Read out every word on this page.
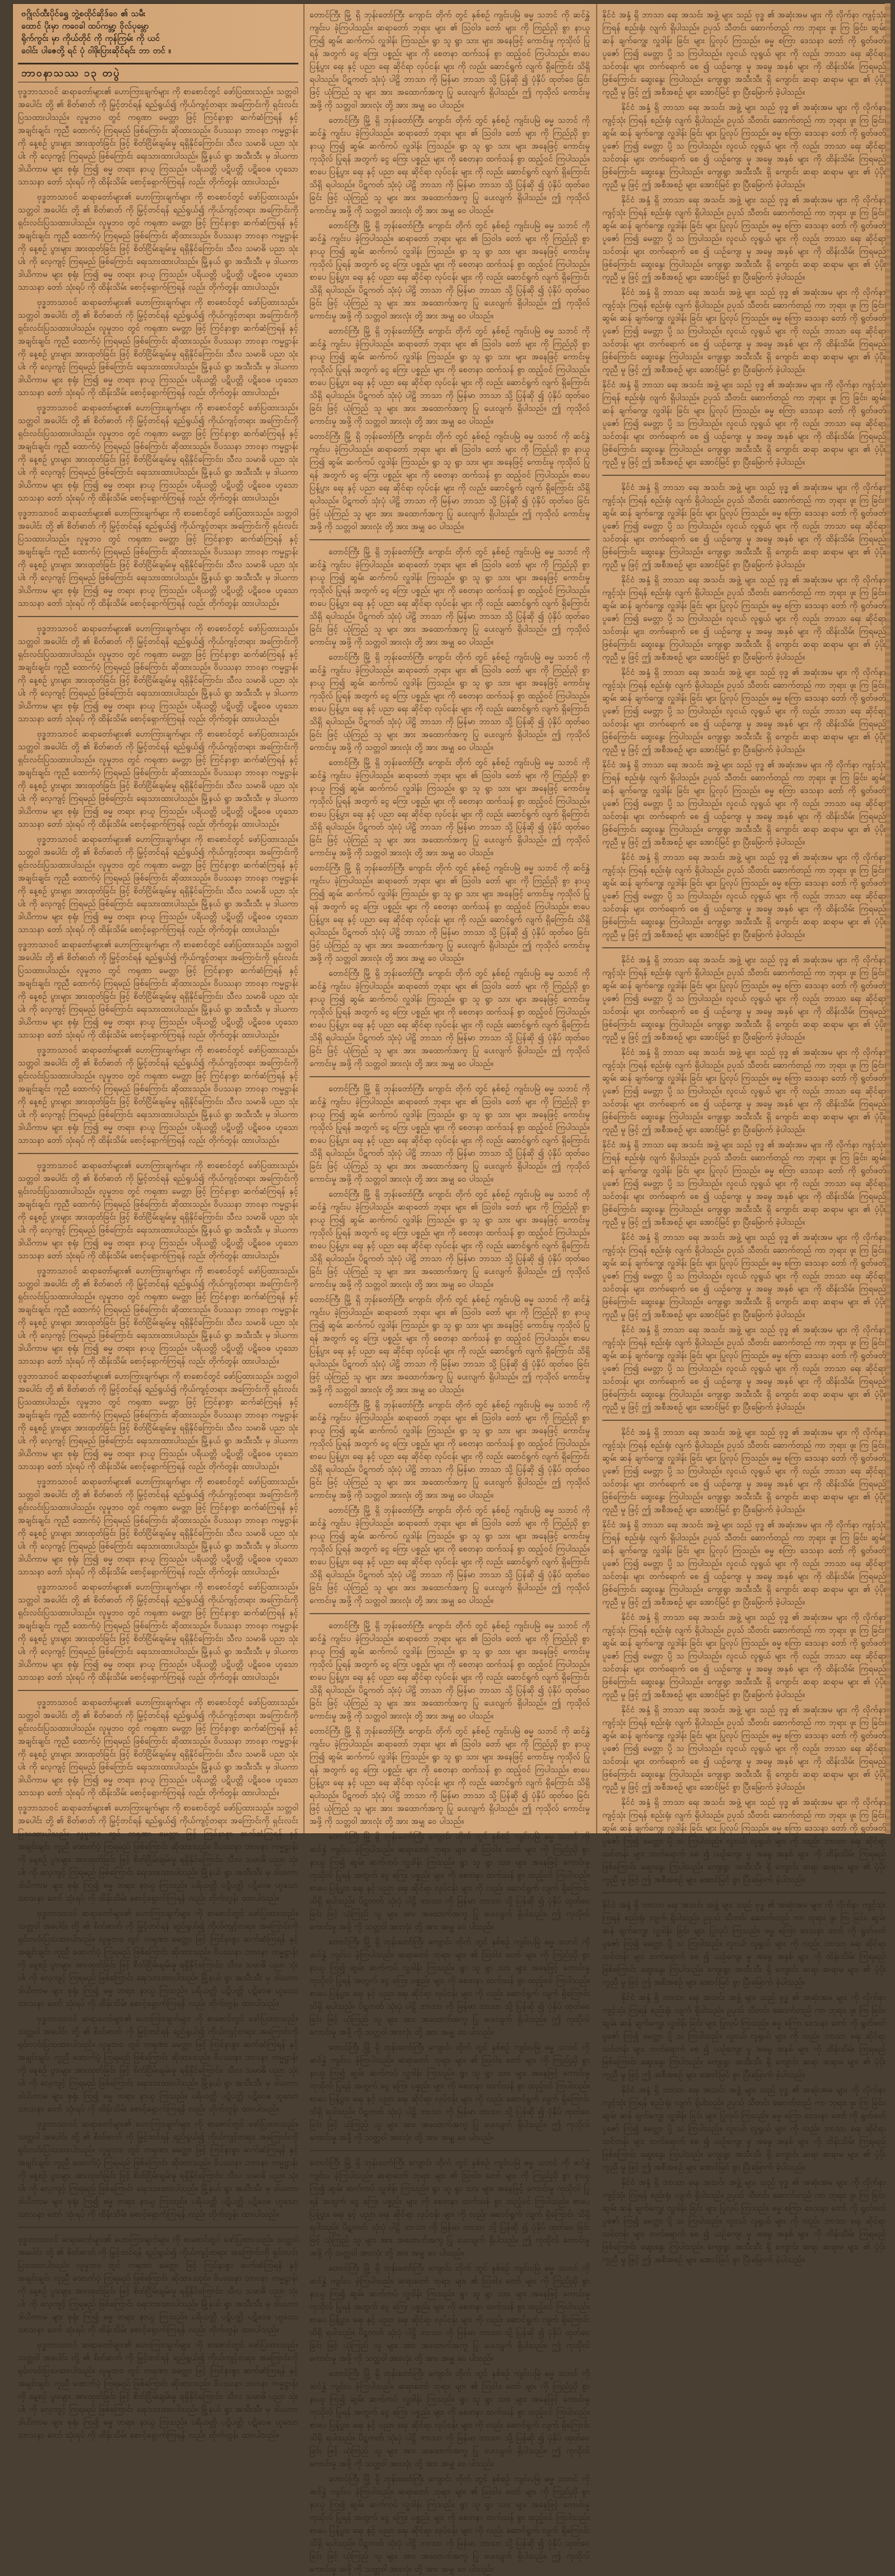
ၓဂ္ဂိုလ်ထီးပိုင်ရွှေ ဘွဲ့စထိုင်ဆိုဒ်ဝေ ၏ သမီး
ထောင် ပိုးမှာ ကဝေခါ ထပ်ကမ္ဘာ့ ဝိုလ်ပုမ္ဘော
ရိုက်ကွင်း မှာ ကိုယ်တိုင် ကို ကုန်ကြမ်း ကို ယင်
ဝေါင်း ပါဇေတို့ ရင် ပုံ ဝါဖိုးပြားဆိုင်ရင်း ဘာ တင် ။
ဘာဝနာသဿ ၁၃ တပွဲ

ဗုဒ္ဓဘာသာဝင် ဆရာတော်များ၏ ဟောကြားချက်များ ကို စာစောင်တွင် ဖော်ပြထားသည်။ သတ္တဝါ အပေါင်း တို့ ၏ စိတ်ဓာတ် ကို မြှင့်တင်ရန် ရည်ရွယ်၍ ကိုယ်ကျင့်တရား အကြောင်းကို ရှင်းလင်းပြသထားပါသည်။ လူမှုဘဝ တွင် ကရုဏာ မေတ္တာ ဖြင့် ကြင်နာစွာ ဆက်ဆံကြရန် နှင့် အချင်းချင်း ကူညီ ထောက်ပံ့ ကြရမည် ဖြစ်ကြောင်း ဆိုထားသည်။ ဝိပဿနာ ဘာဝနာ ကမ္မဋ္ဌာန်း ကို နေ့စဉ် ပွားများ အားထုတ်ခြင်း ဖြင့် စိတ်ငြိမ်းချမ်းမှု ရရှိနိုင်ကြောင်း၊ သီလ သမာဓိ ပညာ သုံးပါး ကို လေ့ကျင့် ကြရမည် ဖြစ်ကြောင်း ရေးသားထားပါသည်။ မြို့နယ် ရွာ အသီးသီး မှ ဒါယကာ ဒါယိကာမ များ စုရုံး ကြ၍ ဓမ္မ တရား နာယူ ကြသည်။ ပရိယတ္တိ ပဋိပတ္တိ ပဋိဝေဓ ဟူသော သာသနာ တော် သုံးရပ် ကို ထိန်းသိမ်း စောင့်ရှောက်ကြရန် လည်း တိုက်တွန်း ထားပါသည်။

ဗုဒ္ဓဘာသာဝင် ဆရာတော်များ၏ ဟောကြားချက်များ ကို စာစောင်တွင် ဖော်ပြထားသည်။ သတ္တဝါ အပေါင်း တို့ ၏ စိတ်ဓာတ် ကို မြှင့်တင်ရန် ရည်ရွယ်၍ ကိုယ်ကျင့်တရား အကြောင်းကို ရှင်းလင်းပြသထားပါသည်။ လူမှုဘဝ တွင် ကရုဏာ မေတ္တာ ဖြင့် ကြင်နာစွာ ဆက်ဆံကြရန် နှင့် အချင်းချင်း ကူညီ ထောက်ပံ့ ကြရမည် ဖြစ်ကြောင်း ဆိုထားသည်။ ဝိပဿနာ ဘာဝနာ ကမ္မဋ္ဌာန်း ကို နေ့စဉ် ပွားများ အားထုတ်ခြင်း ဖြင့် စိတ်ငြိမ်းချမ်းမှု ရရှိနိုင်ကြောင်း၊ သီလ သမာဓိ ပညာ သုံးပါး ကို လေ့ကျင့် ကြရမည် ဖြစ်ကြောင်း ရေးသားထားပါသည်။ မြို့နယ် ရွာ အသီးသီး မှ ဒါယကာ ဒါယိကာမ များ စုရုံး ကြ၍ ဓမ္မ တရား နာယူ ကြသည်။ ပရိယတ္တိ ပဋိပတ္တိ ပဋိဝေဓ ဟူသော သာသနာ တော် သုံးရပ် ကို ထိန်းသိမ်း စောင့်ရှောက်ကြရန် လည်း တိုက်တွန်း ထားပါသည်။

ဗုဒ္ဓဘာသာဝင် ဆရာတော်များ၏ ဟောကြားချက်များ ကို စာစောင်တွင် ဖော်ပြထားသည်။ သတ္တဝါ အပေါင်း တို့ ၏ စိတ်ဓာတ် ကို မြှင့်တင်ရန် ရည်ရွယ်၍ ကိုယ်ကျင့်တရား အကြောင်းကို ရှင်းလင်းပြသထားပါသည်။ လူမှုဘဝ တွင် ကရုဏာ မေတ္တာ ဖြင့် ကြင်နာစွာ ဆက်ဆံကြရန် နှင့် အချင်းချင်း ကူညီ ထောက်ပံ့ ကြရမည် ဖြစ်ကြောင်း ဆိုထားသည်။ ဝိပဿနာ ဘာဝနာ ကမ္မဋ္ဌာန်း ကို နေ့စဉ် ပွားများ အားထုတ်ခြင်း ဖြင့် စိတ်ငြိမ်းချမ်းမှု ရရှိနိုင်ကြောင်း၊ သီလ သမာဓိ ပညာ သုံးပါး ကို လေ့ကျင့် ကြရမည် ဖြစ်ကြောင်း ရေးသားထားပါသည်။ မြို့နယ် ရွာ အသီးသီး မှ ဒါယကာ ဒါယိကာမ များ စုရုံး ကြ၍ ဓမ္မ တရား နာယူ ကြသည်။ ပရိယတ္တိ ပဋိပတ္တိ ပဋိဝေဓ ဟူသော သာသနာ တော် သုံးရပ် ကို ထိန်းသိမ်း စောင့်ရှောက်ကြရန် လည်း တိုက်တွန်း ထားပါသည်။

ဗုဒ္ဓဘာသာဝင် ဆရာတော်များ၏ ဟောကြားချက်များ ကို စာစောင်တွင် ဖော်ပြထားသည်။ သတ္တဝါ အပေါင်း တို့ ၏ စိတ်ဓာတ် ကို မြှင့်တင်ရန် ရည်ရွယ်၍ ကိုယ်ကျင့်တရား အကြောင်းကို ရှင်းလင်းပြသထားပါသည်။ လူမှုဘဝ တွင် ကရုဏာ မေတ္တာ ဖြင့် ကြင်နာစွာ ဆက်ဆံကြရန် နှင့် အချင်းချင်း ကူညီ ထောက်ပံ့ ကြရမည် ဖြစ်ကြောင်း ဆိုထားသည်။ ဝိပဿနာ ဘာဝနာ ကမ္မဋ္ဌာန်း ကို နေ့စဉ် ပွားများ အားထုတ်ခြင်း ဖြင့် စိတ်ငြိမ်းချမ်းမှု ရရှိနိုင်ကြောင်း၊ သီလ သမာဓိ ပညာ သုံးပါး ကို လေ့ကျင့် ကြရမည် ဖြစ်ကြောင်း ရေးသားထားပါသည်။ မြို့နယ် ရွာ အသီးသီး မှ ဒါယကာ ဒါယိကာမ များ စုရုံး ကြ၍ ဓမ္မ တရား နာယူ ကြသည်။ ပရိယတ္တိ ပဋိပတ္တိ ပဋိဝေဓ ဟူသော သာသနာ တော် သုံးရပ် ကို ထိန်းသိမ်း စောင့်ရှောက်ကြရန် လည်း တိုက်တွန်း ထားပါသည်။

ဗုဒ္ဓဘာသာဝင် ဆရာတော်များ၏ ဟောကြားချက်များ ကို စာစောင်တွင် ဖော်ပြထားသည်။ သတ္တဝါ အပေါင်း တို့ ၏ စိတ်ဓာတ် ကို မြှင့်တင်ရန် ရည်ရွယ်၍ ကိုယ်ကျင့်တရား အကြောင်းကို ရှင်းလင်းပြသထားပါသည်။ လူမှုဘဝ တွင် ကရုဏာ မေတ္တာ ဖြင့် ကြင်နာစွာ ဆက်ဆံကြရန် နှင့် အချင်းချင်း ကူညီ ထောက်ပံ့ ကြရမည် ဖြစ်ကြောင်း ဆိုထားသည်။ ဝိပဿနာ ဘာဝနာ ကမ္မဋ္ဌာန်း ကို နေ့စဉ် ပွားများ အားထုတ်ခြင်း ဖြင့် စိတ်ငြိမ်းချမ်းမှု ရရှိနိုင်ကြောင်း၊ သီလ သမာဓိ ပညာ သုံးပါး ကို လေ့ကျင့် ကြရမည် ဖြစ်ကြောင်း ရေးသားထားပါသည်။ မြို့နယ် ရွာ အသီးသီး မှ ဒါယကာ ဒါယိကာမ များ စုရုံး ကြ၍ ဓမ္မ တရား နာယူ ကြသည်။ ပရိယတ္တိ ပဋိပတ္တိ ပဋိဝေဓ ဟူသော သာသနာ တော် သုံးရပ် ကို ထိန်းသိမ်း စောင့်ရှောက်ကြရန် လည်း တိုက်တွန်း ထားပါသည်။

ဗုဒ္ဓဘာသာဝင် ဆရာတော်များ၏ ဟောကြားချက်များ ကို စာစောင်တွင် ဖော်ပြထားသည်။ သတ္တဝါ အပေါင်း တို့ ၏ စိတ်ဓာတ် ကို မြှင့်တင်ရန် ရည်ရွယ်၍ ကိုယ်ကျင့်တရား အကြောင်းကို ရှင်းလင်းပြသထားပါသည်။ လူမှုဘဝ တွင် ကရုဏာ မေတ္တာ ဖြင့် ကြင်နာစွာ ဆက်ဆံကြရန် နှင့် အချင်းချင်း ကူညီ ထောက်ပံ့ ကြရမည် ဖြစ်ကြောင်း ဆိုထားသည်။ ဝိပဿနာ ဘာဝနာ ကမ္မဋ္ဌာန်း ကို နေ့စဉ် ပွားများ အားထုတ်ခြင်း ဖြင့် စိတ်ငြိမ်းချမ်းမှု ရရှိနိုင်ကြောင်း၊ သီလ သမာဓိ ပညာ သုံးပါး ကို လေ့ကျင့် ကြရမည် ဖြစ်ကြောင်း ရေးသားထားပါသည်။ မြို့နယ် ရွာ အသီးသီး မှ ဒါယကာ ဒါယိကာမ များ စုရုံး ကြ၍ ဓမ္မ တရား နာယူ ကြသည်။ ပရိယတ္တိ ပဋိပတ္တိ ပဋိဝေဓ ဟူသော သာသနာ တော် သုံးရပ် ကို ထိန်းသိမ်း စောင့်ရှောက်ကြရန် လည်း တိုက်တွန်း ထားပါသည်။

ဗုဒ္ဓဘာသာဝင် ဆရာတော်များ၏ ဟောကြားချက်များ ကို စာစောင်တွင် ဖော်ပြထားသည်။ သတ္တဝါ အပေါင်း တို့ ၏ စိတ်ဓာတ် ကို မြှင့်တင်ရန် ရည်ရွယ်၍ ကိုယ်ကျင့်တရား အကြောင်းကို ရှင်းလင်းပြသထားပါသည်။ လူမှုဘဝ တွင် ကရုဏာ မေတ္တာ ဖြင့် ကြင်နာစွာ ဆက်ဆံကြရန် နှင့် အချင်းချင်း ကူညီ ထောက်ပံ့ ကြရမည် ဖြစ်ကြောင်း ဆိုထားသည်။ ဝိပဿနာ ဘာဝနာ ကမ္မဋ္ဌာန်း ကို နေ့စဉ် ပွားများ အားထုတ်ခြင်း ဖြင့် စိတ်ငြိမ်းချမ်းမှု ရရှိနိုင်ကြောင်း၊ သီလ သမာဓိ ပညာ သုံးပါး ကို လေ့ကျင့် ကြရမည် ဖြစ်ကြောင်း ရေးသားထားပါသည်။ မြို့နယ် ရွာ အသီးသီး မှ ဒါယကာ ဒါယိကာမ များ စုရုံး ကြ၍ ဓမ္မ တရား နာယူ ကြသည်။ ပရိယတ္တိ ပဋိပတ္တိ ပဋိဝေဓ ဟူသော သာသနာ တော် သုံးရပ် ကို ထိန်းသိမ်း စောင့်ရှောက်ကြရန် လည်း တိုက်တွန်း ထားပါသည်။

ဗုဒ္ဓဘာသာဝင် ဆရာတော်များ၏ ဟောကြားချက်များ ကို စာစောင်တွင် ဖော်ပြထားသည်။ သတ္တဝါ အပေါင်း တို့ ၏ စိတ်ဓာတ် ကို မြှင့်တင်ရန် ရည်ရွယ်၍ ကိုယ်ကျင့်တရား အကြောင်းကို ရှင်းလင်းပြသထားပါသည်။ လူမှုဘဝ တွင် ကရုဏာ မေတ္တာ ဖြင့် ကြင်နာစွာ ဆက်ဆံကြရန် နှင့် အချင်းချင်း ကူညီ ထောက်ပံ့ ကြရမည် ဖြစ်ကြောင်း ဆိုထားသည်။ ဝိပဿနာ ဘာဝနာ ကမ္မဋ္ဌာန်း ကို နေ့စဉ် ပွားများ အားထုတ်ခြင်း ဖြင့် စိတ်ငြိမ်းချမ်းမှု ရရှိနိုင်ကြောင်း၊ သီလ သမာဓိ ပညာ သုံးပါး ကို လေ့ကျင့် ကြရမည် ဖြစ်ကြောင်း ရေးသားထားပါသည်။ မြို့နယ် ရွာ အသီးသီး မှ ဒါယကာ ဒါယိကာမ များ စုရုံး ကြ၍ ဓမ္မ တရား နာယူ ကြသည်။ ပရိယတ္တိ ပဋိပတ္တိ ပဋိဝေဓ ဟူသော သာသနာ တော် သုံးရပ် ကို ထိန်းသိမ်း စောင့်ရှောက်ကြရန် လည်း တိုက်တွန်း ထားပါသည်။

ဗုဒ္ဓဘာသာဝင် ဆရာတော်များ၏ ဟောကြားချက်များ ကို စာစောင်တွင် ဖော်ပြထားသည်။ သတ္တဝါ အပေါင်း တို့ ၏ စိတ်ဓာတ် ကို မြှင့်တင်ရန် ရည်ရွယ်၍ ကိုယ်ကျင့်တရား အကြောင်းကို ရှင်းလင်းပြသထားပါသည်။ လူမှုဘဝ တွင် ကရုဏာ မေတ္တာ ဖြင့် ကြင်နာစွာ ဆက်ဆံကြရန် နှင့် အချင်းချင်း ကူညီ ထောက်ပံ့ ကြရမည် ဖြစ်ကြောင်း ဆိုထားသည်။ ဝိပဿနာ ဘာဝနာ ကမ္မဋ္ဌာန်း ကို နေ့စဉ် ပွားများ အားထုတ်ခြင်း ဖြင့် စိတ်ငြိမ်းချမ်းမှု ရရှိနိုင်ကြောင်း၊ သီလ သမာဓိ ပညာ သုံးပါး ကို လေ့ကျင့် ကြရမည် ဖြစ်ကြောင်း ရေးသားထားပါသည်။ မြို့နယ် ရွာ အသီးသီး မှ ဒါယကာ ဒါယိကာမ များ စုရုံး ကြ၍ ဓမ္မ တရား နာယူ ကြသည်။ ပရိယတ္တိ ပဋိပတ္တိ ပဋိဝေဓ ဟူသော သာသနာ တော် သုံးရပ် ကို ထိန်းသိမ်း စောင့်ရှောက်ကြရန် လည်း တိုက်တွန်း ထားပါသည်။

ဗုဒ္ဓဘာသာဝင် ဆရာတော်များ၏ ဟောကြားချက်များ ကို စာစောင်တွင် ဖော်ပြထားသည်။ သတ္တဝါ အပေါင်း တို့ ၏ စိတ်ဓာတ် ကို မြှင့်တင်ရန် ရည်ရွယ်၍ ကိုယ်ကျင့်တရား အကြောင်းကို ရှင်းလင်းပြသထားပါသည်။ လူမှုဘဝ တွင် ကရုဏာ မေတ္တာ ဖြင့် ကြင်နာစွာ ဆက်ဆံကြရန် နှင့် အချင်းချင်း ကူညီ ထောက်ပံ့ ကြရမည် ဖြစ်ကြောင်း ဆိုထားသည်။ ဝိပဿနာ ဘာဝနာ ကမ္မဋ္ဌာန်း ကို နေ့စဉ် ပွားများ အားထုတ်ခြင်း ဖြင့် စိတ်ငြိမ်းချမ်းမှု ရရှိနိုင်ကြောင်း၊ သီလ သမာဓိ ပညာ သုံးပါး ကို လေ့ကျင့် ကြရမည် ဖြစ်ကြောင်း ရေးသားထားပါသည်။ မြို့နယ် ရွာ အသီးသီး မှ ဒါယကာ ဒါယိကာမ များ စုရုံး ကြ၍ ဓမ္မ တရား နာယူ ကြသည်။ ပရိယတ္တိ ပဋိပတ္တိ ပဋိဝေဓ ဟူသော သာသနာ တော် သုံးရပ် ကို ထိန်းသိမ်း စောင့်ရှောက်ကြရန် လည်း တိုက်တွန်း ထားပါသည်။

ဗုဒ္ဓဘာသာဝင် ဆရာတော်များ၏ ဟောကြားချက်များ ကို စာစောင်တွင် ဖော်ပြထားသည်။ သတ္တဝါ အပေါင်း တို့ ၏ စိတ်ဓာတ် ကို မြှင့်တင်ရန် ရည်ရွယ်၍ ကိုယ်ကျင့်တရား အကြောင်းကို ရှင်းလင်းပြသထားပါသည်။ လူမှုဘဝ တွင် ကရုဏာ မေတ္တာ ဖြင့် ကြင်နာစွာ ဆက်ဆံကြရန် နှင့် အချင်းချင်း ကူညီ ထောက်ပံ့ ကြရမည် ဖြစ်ကြောင်း ဆိုထားသည်။ ဝိပဿနာ ဘာဝနာ ကမ္မဋ္ဌာန်း ကို နေ့စဉ် ပွားများ အားထုတ်ခြင်း ဖြင့် စိတ်ငြိမ်းချမ်းမှု ရရှိနိုင်ကြောင်း၊ သီလ သမာဓိ ပညာ သုံးပါး ကို လေ့ကျင့် ကြရမည် ဖြစ်ကြောင်း ရေးသားထားပါသည်။ မြို့နယ် ရွာ အသီးသီး မှ ဒါယကာ ဒါယိကာမ များ စုရုံး ကြ၍ ဓမ္မ တရား နာယူ ကြသည်။ ပရိယတ္တိ ပဋိပတ္တိ ပဋိဝေဓ ဟူသော သာသနာ တော် သုံးရပ် ကို ထိန်းသိမ်း စောင့်ရှောက်ကြရန် လည်း တိုက်တွန်း ထားပါသည်။

ဗုဒ္ဓဘာသာဝင် ဆရာတော်များ၏ ဟောကြားချက်များ ကို စာစောင်တွင် ဖော်ပြထားသည်။ သတ္တဝါ အပေါင်း တို့ ၏ စိတ်ဓာတ် ကို မြှင့်တင်ရန် ရည်ရွယ်၍ ကိုယ်ကျင့်တရား အကြောင်းကို ရှင်းလင်းပြသထားပါသည်။ လူမှုဘဝ တွင် ကရုဏာ မေတ္တာ ဖြင့် ကြင်နာစွာ ဆက်ဆံကြရန် နှင့် အချင်းချင်း ကူညီ ထောက်ပံ့ ကြရမည် ဖြစ်ကြောင်း ဆိုထားသည်။ ဝိပဿနာ ဘာဝနာ ကမ္မဋ္ဌာန်း ကို နေ့စဉ် ပွားများ အားထုတ်ခြင်း ဖြင့် စိတ်ငြိမ်းချမ်းမှု ရရှိနိုင်ကြောင်း၊ သီလ သမာဓိ ပညာ သုံးပါး ကို လေ့ကျင့် ကြရမည် ဖြစ်ကြောင်း ရေးသားထားပါသည်။ မြို့နယ် ရွာ အသီးသီး မှ ဒါယကာ ဒါယိကာမ များ စုရုံး ကြ၍ ဓမ္မ တရား နာယူ ကြသည်။ ပရိယတ္တိ ပဋိပတ္တိ ပဋိဝေဓ ဟူသော သာသနာ တော် သုံးရပ် ကို ထိန်းသိမ်း စောင့်ရှောက်ကြရန် လည်း တိုက်တွန်း ထားပါသည်။

ဗုဒ္ဓဘာသာဝင် ဆရာတော်များ၏ ဟောကြားချက်များ ကို စာစောင်တွင် ဖော်ပြထားသည်။ သတ္တဝါ အပေါင်း တို့ ၏ စိတ်ဓာတ် ကို မြှင့်တင်ရန် ရည်ရွယ်၍ ကိုယ်ကျင့်တရား အကြောင်းကို ရှင်းလင်းပြသထားပါသည်။ လူမှုဘဝ တွင် ကရုဏာ မေတ္တာ ဖြင့် ကြင်နာစွာ ဆက်ဆံကြရန် နှင့် အချင်းချင်း ကူညီ ထောက်ပံ့ ကြရမည် ဖြစ်ကြောင်း ဆိုထားသည်။ ဝိပဿနာ ဘာဝနာ ကမ္မဋ္ဌာန်း ကို နေ့စဉ် ပွားများ အားထုတ်ခြင်း ဖြင့် စိတ်ငြိမ်းချမ်းမှု ရရှိနိုင်ကြောင်း၊ သီလ သမာဓိ ပညာ သုံးပါး ကို လေ့ကျင့် ကြရမည် ဖြစ်ကြောင်း ရေးသားထားပါသည်။ မြို့နယ် ရွာ အသီးသီး မှ ဒါယကာ ဒါယိကာမ များ စုရုံး ကြ၍ ဓမ္မ တရား နာယူ ကြသည်။ ပရိယတ္တိ ပဋိပတ္တိ ပဋိဝေဓ ဟူသော သာသနာ တော် သုံးရပ် ကို ထိန်းသိမ်း စောင့်ရှောက်ကြရန် လည်း တိုက်တွန်း ထားပါသည်။

ဗုဒ္ဓဘာသာဝင် ဆရာတော်များ၏ ဟောကြားချက်များ ကို စာစောင်တွင် ဖော်ပြထားသည်။ သတ္တဝါ အပေါင်း တို့ ၏ စိတ်ဓာတ် ကို မြှင့်တင်ရန် ရည်ရွယ်၍ ကိုယ်ကျင့်တရား အကြောင်းကို ရှင်းလင်းပြသထားပါသည်။ လူမှုဘဝ တွင် ကရုဏာ မေတ္တာ ဖြင့် ကြင်နာစွာ ဆက်ဆံကြရန် နှင့် အချင်းချင်း ကူညီ ထောက်ပံ့ ကြရမည် ဖြစ်ကြောင်း ဆိုထားသည်။ ဝိပဿနာ ဘာဝနာ ကမ္မဋ္ဌာန်း ကို နေ့စဉ် ပွားများ အားထုတ်ခြင်း ဖြင့် စိတ်ငြိမ်းချမ်းမှု ရရှိနိုင်ကြောင်း၊ သီလ သမာဓိ ပညာ သုံးပါး ကို လေ့ကျင့် ကြရမည် ဖြစ်ကြောင်း ရေးသားထားပါသည်။ မြို့နယ် ရွာ အသီးသီး မှ ဒါယကာ ဒါယိကာမ များ စုရုံး ကြ၍ ဓမ္မ တရား နာယူ ကြသည်။ ပရိယတ္တိ ပဋိပတ္တိ ပဋိဝေဓ ဟူသော သာသနာ တော် သုံးရပ် ကို ထိန်းသိမ်း စောင့်ရှောက်ကြရန် လည်း တိုက်တွန်း ထားပါသည်။

ဗုဒ္ဓဘာသာဝင် ဆရာတော်များ၏ ဟောကြားချက်များ ကို စာစောင်တွင် ဖော်ပြထားသည်။ သတ္တဝါ အပေါင်း တို့ ၏ စိတ်ဓာတ် ကို မြှင့်တင်ရန် ရည်ရွယ်၍ ကိုယ်ကျင့်တရား အကြောင်းကို ရှင်းလင်းပြသထားပါသည်။ လူမှုဘဝ တွင် ကရုဏာ မေတ္တာ ဖြင့် ကြင်နာစွာ ဆက်ဆံကြရန် နှင့် အချင်းချင်း ကူညီ ထောက်ပံ့ ကြရမည် ဖြစ်ကြောင်း ဆိုထားသည်။ ဝိပဿနာ ဘာဝနာ ကမ္မဋ္ဌာန်း ကို နေ့စဉ် ပွားများ အားထုတ်ခြင်း ဖြင့် စိတ်ငြိမ်းချမ်းမှု ရရှိနိုင်ကြောင်း၊ သီလ သမာဓိ ပညာ သုံးပါး ကို လေ့ကျင့် ကြရမည် ဖြစ်ကြောင်း ရေးသားထားပါသည်။ မြို့နယ် ရွာ အသီးသီး မှ ဒါယကာ ဒါယိကာမ များ စုရုံး ကြ၍ ဓမ္မ တရား နာယူ ကြသည်။ ပရိယတ္တိ ပဋိပတ္တိ ပဋိဝေဓ ဟူသော သာသနာ တော် သုံးရပ် ကို ထိန်းသိမ်း စောင့်ရှောက်ကြရန် လည်း တိုက်တွန်း ထားပါသည်။

ဗုဒ္ဓဘာသာဝင် ဆရာတော်များ၏ ဟောကြားချက်များ ကို စာစောင်တွင် ဖော်ပြထားသည်။ သတ္တဝါ အပေါင်း တို့ ၏ စိတ်ဓာတ် ကို မြှင့်တင်ရန် ရည်ရွယ်၍ ကိုယ်ကျင့်တရား အကြောင်းကို ရှင်းလင်းပြသထားပါသည်။ လူမှုဘဝ တွင် ကရုဏာ မေတ္တာ ဖြင့် ကြင်နာစွာ ဆက်ဆံကြရန် နှင့် အချင်းချင်း ကူညီ ထောက်ပံ့ ကြရမည် ဖြစ်ကြောင်း ဆိုထားသည်။ ဝိပဿနာ ဘာဝနာ ကမ္မဋ္ဌာန်း ကို နေ့စဉ် ပွားများ အားထုတ်ခြင်း ဖြင့် စိတ်ငြိမ်းချမ်းမှု ရရှိနိုင်ကြောင်း၊ သီလ သမာဓိ ပညာ သုံးပါး ကို လေ့ကျင့် ကြရမည် ဖြစ်ကြောင်း ရေးသားထားပါသည်။ မြို့နယ် ရွာ အသီးသီး မှ ဒါယကာ ဒါယိကာမ များ စုရုံး ကြ၍ ဓမ္မ တရား နာယူ ကြသည်။ ပရိယတ္တိ ပဋိပတ္တိ ပဋိဝေဓ ဟူသော သာသနာ တော် သုံးရပ် ကို ထိန်းသိမ်း စောင့်ရှောက်ကြရန် လည်း တိုက်တွန်း ထားပါသည်။

ဗုဒ္ဓဘာသာဝင် ဆရာတော်များ၏ ဟောကြားချက်များ ကို စာစောင်တွင် ဖော်ပြထားသည်။ သတ္တဝါ အပေါင်း တို့ ၏ စိတ်ဓာတ် ကို မြှင့်တင်ရန် ရည်ရွယ်၍ ကိုယ်ကျင့်တရား အကြောင်းကို ရှင်းလင်းပြသထားပါသည်။ လူမှုဘဝ တွင် ကရုဏာ မေတ္တာ ဖြင့် ကြင်နာစွာ ဆက်ဆံကြရန် နှင့် အချင်းချင်း ကူညီ ထောက်ပံ့ ကြရမည် ဖြစ်ကြောင်း ဆိုထားသည်။ ဝိပဿနာ ဘာဝနာ ကမ္မဋ္ဌာန်း ကို နေ့စဉ် ပွားများ အားထုတ်ခြင်း ဖြင့် စိတ်ငြိမ်းချမ်းမှု ရရှိနိုင်ကြောင်း၊ သီလ သမာဓိ ပညာ သုံးပါး ကို လေ့ကျင့် ကြရမည် ဖြစ်ကြောင်း ရေးသားထားပါသည်။ မြို့နယ် ရွာ အသီးသီး မှ ဒါယကာ ဒါယိကာမ များ စုရုံး ကြ၍ ဓမ္မ တရား နာယူ ကြသည်။ ပရိယတ္တိ ပဋိပတ္တိ ပဋိဝေဓ ဟူသော သာသနာ တော် သုံးရပ် ကို ထိန်းသိမ်း စောင့်ရှောက်ကြရန် လည်း တိုက်တွန်း ထားပါသည်။

ဗုဒ္ဓဘာသာဝင် ဆရာတော်များ၏ ဟောကြားချက်များ ကို စာစောင်တွင် ဖော်ပြထားသည်။ သတ္တဝါ အပေါင်း တို့ ၏ စိတ်ဓာတ် ကို မြှင့်တင်ရန် ရည်ရွယ်၍ ကိုယ်ကျင့်တရား အကြောင်းကို ရှင်းလင်းပြသထားပါသည်။ လူမှုဘဝ တွင် ကရုဏာ မေတ္တာ ဖြင့် ကြင်နာစွာ ဆက်ဆံကြရန် နှင့် အချင်းချင်း ကူညီ ထောက်ပံ့ ကြရမည် ဖြစ်ကြောင်း ဆိုထားသည်။ ဝိပဿနာ ဘာဝနာ ကမ္မဋ္ဌာန်း ကို နေ့စဉ် ပွားများ အားထုတ်ခြင်း ဖြင့် စိတ်ငြိမ်းချမ်းမှု ရရှိနိုင်ကြောင်း၊ သီလ သမာဓိ ပညာ သုံးပါး ကို လေ့ကျင့် ကြရမည် ဖြစ်ကြောင်း ရေးသားထားပါသည်။ မြို့နယ် ရွာ အသီးသီး မှ ဒါယကာ ဒါယိကာမ များ စုရုံး ကြ၍ ဓမ္မ တရား နာယူ ကြသည်။ ပရိယတ္တိ ပဋိပတ္တိ ပဋိဝေဓ ဟူသော သာသနာ တော် သုံးရပ် ကို ထိန်းသိမ်း စောင့်ရှောက်ကြရန် လည်း တိုက်တွန်း ထားပါသည်။

ဗုဒ္ဓဘာသာဝင် ဆရာတော်များ၏ ဟောကြားချက်များ ကို စာစောင်တွင် ဖော်ပြထားသည်။ သတ္တဝါ အပေါင်း တို့ ၏ စိတ်ဓာတ် ကို မြှင့်တင်ရန် ရည်ရွယ်၍ ကိုယ်ကျင့်တရား အကြောင်းကို ရှင်းလင်းပြသထားပါသည်။ လူမှုဘဝ တွင် ကရုဏာ မေတ္တာ ဖြင့် ကြင်နာစွာ ဆက်ဆံကြရန် နှင့် အချင်းချင်း ကူညီ ထောက်ပံ့ ကြရမည် ဖြစ်ကြောင်း ဆိုထားသည်။ ဝိပဿနာ ဘာဝနာ ကမ္မဋ္ဌာန်း ကို နေ့စဉ် ပွားများ အားထုတ်ခြင်း ဖြင့် စိတ်ငြိမ်းချမ်းမှု ရရှိနိုင်ကြောင်း၊ သီလ သမာဓိ ပညာ သုံးပါး ကို လေ့ကျင့် ကြရမည် ဖြစ်ကြောင်း ရေးသားထားပါသည်။ မြို့နယ် ရွာ အသီးသီး မှ ဒါယကာ ဒါယိကာမ များ စုရုံး ကြ၍ ဓမ္မ တရား နာယူ ကြသည်။ ပရိယတ္တိ ပဋိပတ္တိ ပဋိဝေဓ ဟူသော သာသနာ တော် သုံးရပ် ကို ထိန်းသိမ်း စောင့်ရှောက်ကြရန် လည်း တိုက်တွန်း ထားပါသည်။

ဗုဒ္ဓဘာသာဝင် ဆရာတော်များ၏ ဟောကြားချက်များ ကို စာစောင်တွင် ဖော်ပြထားသည်။ သတ္တဝါ အပေါင်း တို့ ၏ စိတ်ဓာတ် ကို မြှင့်တင်ရန် ရည်ရွယ်၍ ကိုယ်ကျင့်တရား အကြောင်းကို ရှင်းလင်းပြသထားပါသည်။ လူမှုဘဝ တွင် ကရုဏာ မေတ္တာ ဖြင့် ကြင်နာစွာ ဆက်ဆံကြရန် နှင့် အချင်းချင်း ကူညီ ထောက်ပံ့ ကြရမည် ဖြစ်ကြောင်း ဆိုထားသည်။ ဝိပဿနာ ဘာဝနာ ကမ္မဋ္ဌာန်း ကို နေ့စဉ် ပွားများ အားထုတ်ခြင်း ဖြင့် စိတ်ငြိမ်းချမ်းမှု ရရှိနိုင်ကြောင်း၊ သီလ သမာဓိ ပညာ သုံးပါး ကို လေ့ကျင့် ကြရမည် ဖြစ်ကြောင်း ရေးသားထားပါသည်။ မြို့နယ် ရွာ အသီးသီး မှ ဒါယကာ ဒါယိကာမ များ စုရုံး ကြ၍ ဓမ္မ တရား နာယူ ကြသည်။ ပရိယတ္တိ ပဋိပတ္တိ ပဋိဝေဓ ဟူသော သာသနာ တော် သုံးရပ် ကို ထိန်းသိမ်း စောင့်ရှောက်ကြရန် လည်း တိုက်တွန်း ထားပါသည်။

ဗုဒ္ဓဘာသာဝင် ဆရာတော်များ၏ ဟောကြားချက်များ ကို စာစောင်တွင် ဖော်ပြထားသည်။ သတ္တဝါ အပေါင်း တို့ ၏ စိတ်ဓာတ် ကို မြှင့်တင်ရန် ရည်ရွယ်၍ ကိုယ်ကျင့်တရား အကြောင်းကို ရှင်းလင်းပြသထားပါသည်။ လူမှုဘဝ တွင် ကရုဏာ မေတ္တာ ဖြင့် ကြင်နာစွာ ဆက်ဆံကြရန် နှင့် အချင်းချင်း ကူညီ ထောက်ပံ့ ကြရမည် ဖြစ်ကြောင်း ဆိုထားသည်။ ဝိပဿနာ ဘာဝနာ ကမ္မဋ္ဌာန်း ကို နေ့စဉ် ပွားများ အားထုတ်ခြင်း ဖြင့် စိတ်ငြိမ်းချမ်းမှု ရရှိနိုင်ကြောင်း၊ သီလ သမာဓိ ပညာ သုံးပါး ကို လေ့ကျင့် ကြရမည် ဖြစ်ကြောင်း ရေးသားထားပါသည်။ မြို့နယ် ရွာ အသီးသီး မှ ဒါယကာ ဒါယိကာမ များ စုရုံး ကြ၍ ဓမ္မ တရား နာယူ ကြသည်။ ပရိယတ္တိ ပဋိပတ္တိ ပဋိဝေဓ ဟူသော သာသနာ တော် သုံးရပ် ကို ထိန်းသိမ်း စောင့်ရှောက်ကြရန် လည်း တိုက်တွန်း ထားပါသည်။

ဗုဒ္ဓဘာသာဝင် ဆရာတော်များ၏ ဟောကြားချက်များ ကို စာစောင်တွင် ဖော်ပြထားသည်။ သတ္တဝါ အပေါင်း တို့ ၏ စိတ်ဓာတ် ကို မြှင့်တင်ရန် ရည်ရွယ်၍ ကိုယ်ကျင့်တရား အကြောင်းကို ရှင်းလင်းပြသထားပါသည်။ လူမှုဘဝ တွင် ကရုဏာ မေတ္တာ ဖြင့် ကြင်နာစွာ ဆက်ဆံကြရန် နှင့် အချင်းချင်း ကူညီ ထောက်ပံ့ ကြရမည် ဖြစ်ကြောင်း ဆိုထားသည်။ ဝိပဿနာ ဘာဝနာ ကမ္မဋ္ဌာန်း ကို နေ့စဉ် ပွားများ အားထုတ်ခြင်း ဖြင့် စိတ်ငြိမ်းချမ်းမှု ရရှိနိုင်ကြောင်း၊ သီလ သမာဓိ ပညာ သုံးပါး ကို လေ့ကျင့် ကြရမည် ဖြစ်ကြောင်း ရေးသားထားပါသည်။ မြို့နယ် ရွာ အသီးသီး မှ ဒါယကာ ဒါယိကာမ များ စုရုံး ကြ၍ ဓမ္မ တရား နာယူ ကြသည်။ ပရိယတ္တိ ပဋိပတ္တိ ပဋိဝေဓ ဟူသော သာသနာ တော် သုံးရပ် ကို ထိန်းသိမ်း စောင့်ရှောက်ကြရန် လည်း တိုက်တွန်း ထားပါသည်။

တောင်ကြီး မြို့ ရှိ ဘုန်းတော်ကြီး ကျောင်း တိုက် တွင် နှစ်စဉ် ကျင်းပမြဲ ဓမ္မ သဘင် ကို ဆင်နွှဲ ကျင်းပ ခဲ့ကြပါသည်။ ဆရာတော် ဘုရား များ ၏ ဩဝါဒ တော် များ ကို ကြည်ညို စွာ နာယူ ကြ၍ ဆွမ်း ဆက်ကပ် လှူဒါန်း ကြသည်။ ရွာ သူ ရွာ သား များ အနေဖြင့် ကောင်းမှု ကုသိုလ် ပြုရန် အတွက် ငွေ ကြေး ပစ္စည်း များ ကို စေတနာ ထက်သန် စွာ ထည့်ဝင် ကြပါသည်။ စာပေ ပြန့်ပွား ရေး နှင့် ပညာ ရေး ဆိုင်ရာ လုပ်ငန်း များ ကို လည်း ဆောင်ရွက် လျက် ရှိကြောင်း သိရှိ ရပါသည်။ ပိဋကတ် သုံးပုံ ပါဠိ ဘာသာ ကို မြန်မာ ဘာသာ သို့ ပြန်ဆို ၍ ပုံနှိပ် ထုတ်ဝေ ခြင်း ဖြင့် ယုံကြည် သူ များ အား အထောက်အကူ ပြု ပေးလျက် ရှိပါသည်။ ဤ ကုသိုလ် ကောင်းမှု အဖို့ ကို သတ္တဝါ အားလုံး တို့ အား အမျှ ဝေ ပါသည်။

တောင်ကြီး မြို့ ရှိ ဘုန်းတော်ကြီး ကျောင်း တိုက် တွင် နှစ်စဉ် ကျင်းပမြဲ ဓမ္မ သဘင် ကို ဆင်နွှဲ ကျင်းပ ခဲ့ကြပါသည်။ ဆရာတော် ဘုရား များ ၏ ဩဝါဒ တော် များ ကို ကြည်ညို စွာ နာယူ ကြ၍ ဆွမ်း ဆက်ကပ် လှူဒါန်း ကြသည်။ ရွာ သူ ရွာ သား များ အနေဖြင့် ကောင်းမှု ကုသိုလ် ပြုရန် အတွက် ငွေ ကြေး ပစ္စည်း များ ကို စေတနာ ထက်သန် စွာ ထည့်ဝင် ကြပါသည်။ စာပေ ပြန့်ပွား ရေး နှင့် ပညာ ရေး ဆိုင်ရာ လုပ်ငန်း များ ကို လည်း ဆောင်ရွက် လျက် ရှိကြောင်း သိရှိ ရပါသည်။ ပိဋကတ် သုံးပုံ ပါဠိ ဘာသာ ကို မြန်မာ ဘာသာ သို့ ပြန်ဆို ၍ ပုံနှိပ် ထုတ်ဝေ ခြင်း ဖြင့် ယုံကြည် သူ များ အား အထောက်အကူ ပြု ပေးလျက် ရှိပါသည်။ ဤ ကုသိုလ် ကောင်းမှု အဖို့ ကို သတ္တဝါ အားလုံး တို့ အား အမျှ ဝေ ပါသည်။

တောင်ကြီး မြို့ ရှိ ဘုန်းတော်ကြီး ကျောင်း တိုက် တွင် နှစ်စဉ် ကျင်းပမြဲ ဓမ္မ သဘင် ကို ဆင်နွှဲ ကျင်းပ ခဲ့ကြပါသည်။ ဆရာတော် ဘုရား များ ၏ ဩဝါဒ တော် များ ကို ကြည်ညို စွာ နာယူ ကြ၍ ဆွမ်း ဆက်ကပ် လှူဒါန်း ကြသည်။ ရွာ သူ ရွာ သား များ အနေဖြင့် ကောင်းမှု ကုသိုလ် ပြုရန် အတွက် ငွေ ကြေး ပစ္စည်း များ ကို စေတနာ ထက်သန် စွာ ထည့်ဝင် ကြပါသည်။ စာပေ ပြန့်ပွား ရေး နှင့် ပညာ ရေး ဆိုင်ရာ လုပ်ငန်း များ ကို လည်း ဆောင်ရွက် လျက် ရှိကြောင်း သိရှိ ရပါသည်။ ပိဋကတ် သုံးပုံ ပါဠိ ဘာသာ ကို မြန်မာ ဘာသာ သို့ ပြန်ဆို ၍ ပုံနှိပ် ထုတ်ဝေ ခြင်း ဖြင့် ယုံကြည် သူ များ အား အထောက်အကူ ပြု ပေးလျက် ရှိပါသည်။ ဤ ကုသိုလ် ကောင်းမှု အဖို့ ကို သတ္တဝါ အားလုံး တို့ အား အမျှ ဝေ ပါသည်။

တောင်ကြီး မြို့ ရှိ ဘုန်းတော်ကြီး ကျောင်း တိုက် တွင် နှစ်စဉ် ကျင်းပမြဲ ဓမ္မ သဘင် ကို ဆင်နွှဲ ကျင်းပ ခဲ့ကြပါသည်။ ဆရာတော် ဘုရား များ ၏ ဩဝါဒ တော် များ ကို ကြည်ညို စွာ နာယူ ကြ၍ ဆွမ်း ဆက်ကပ် လှူဒါန်း ကြသည်။ ရွာ သူ ရွာ သား များ အနေဖြင့် ကောင်းမှု ကုသိုလ် ပြုရန် အတွက် ငွေ ကြေး ပစ္စည်း များ ကို စေတနာ ထက်သန် စွာ ထည့်ဝင် ကြပါသည်။ စာပေ ပြန့်ပွား ရေး နှင့် ပညာ ရေး ဆိုင်ရာ လုပ်ငန်း များ ကို လည်း ဆောင်ရွက် လျက် ရှိကြောင်း သိရှိ ရပါသည်။ ပိဋကတ် သုံးပုံ ပါဠိ ဘာသာ ကို မြန်မာ ဘာသာ သို့ ပြန်ဆို ၍ ပုံနှိပ် ထုတ်ဝေ ခြင်း ဖြင့် ယုံကြည် သူ များ အား အထောက်အကူ ပြု ပေးလျက် ရှိပါသည်။ ဤ ကုသိုလ် ကောင်းမှု အဖို့ ကို သတ္တဝါ အားလုံး တို့ အား အမျှ ဝေ ပါသည်။

တောင်ကြီး မြို့ ရှိ ဘုန်းတော်ကြီး ကျောင်း တိုက် တွင် နှစ်စဉ် ကျင်းပမြဲ ဓမ္မ သဘင် ကို ဆင်နွှဲ ကျင်းပ ခဲ့ကြပါသည်။ ဆရာတော် ဘုရား များ ၏ ဩဝါဒ တော် များ ကို ကြည်ညို စွာ နာယူ ကြ၍ ဆွမ်း ဆက်ကပ် လှူဒါန်း ကြသည်။ ရွာ သူ ရွာ သား များ အနေဖြင့် ကောင်းမှု ကုသိုလ် ပြုရန် အတွက် ငွေ ကြေး ပစ္စည်း များ ကို စေတနာ ထက်သန် စွာ ထည့်ဝင် ကြပါသည်။ စာပေ ပြန့်ပွား ရေး နှင့် ပညာ ရေး ဆိုင်ရာ လုပ်ငန်း များ ကို လည်း ဆောင်ရွက် လျက် ရှိကြောင်း သိရှိ ရပါသည်။ ပိဋကတ် သုံးပုံ ပါဠိ ဘာသာ ကို မြန်မာ ဘာသာ သို့ ပြန်ဆို ၍ ပုံနှိပ် ထုတ်ဝေ ခြင်း ဖြင့် ယုံကြည် သူ များ အား အထောက်အကူ ပြု ပေးလျက် ရှိပါသည်။ ဤ ကုသိုလ် ကောင်းမှု အဖို့ ကို သတ္တဝါ အားလုံး တို့ အား အမျှ ဝေ ပါသည်။

တောင်ကြီး မြို့ ရှိ ဘုန်းတော်ကြီး ကျောင်း တိုက် တွင် နှစ်စဉ် ကျင်းပမြဲ ဓမ္မ သဘင် ကို ဆင်နွှဲ ကျင်းပ ခဲ့ကြပါသည်။ ဆရာတော် ဘုရား များ ၏ ဩဝါဒ တော် များ ကို ကြည်ညို စွာ နာယူ ကြ၍ ဆွမ်း ဆက်ကပ် လှူဒါန်း ကြသည်။ ရွာ သူ ရွာ သား များ အနေဖြင့် ကောင်းမှု ကုသိုလ် ပြုရန် အတွက် ငွေ ကြေး ပစ္စည်း များ ကို စေတနာ ထက်သန် စွာ ထည့်ဝင် ကြပါသည်။ စာပေ ပြန့်ပွား ရေး နှင့် ပညာ ရေး ဆိုင်ရာ လုပ်ငန်း များ ကို လည်း ဆောင်ရွက် လျက် ရှိကြောင်း သိရှိ ရပါသည်။ ပိဋကတ် သုံးပုံ ပါဠိ ဘာသာ ကို မြန်မာ ဘာသာ သို့ ပြန်ဆို ၍ ပုံနှိပ် ထုတ်ဝေ ခြင်း ဖြင့် ယုံကြည် သူ များ အား အထောက်အကူ ပြု ပေးလျက် ရှိပါသည်။ ဤ ကုသိုလ် ကောင်းမှု အဖို့ ကို သတ္တဝါ အားလုံး တို့ အား အမျှ ဝေ ပါသည်။

တောင်ကြီး မြို့ ရှိ ဘုန်းတော်ကြီး ကျောင်း တိုက် တွင် နှစ်စဉ် ကျင်းပမြဲ ဓမ္မ သဘင် ကို ဆင်နွှဲ ကျင်းပ ခဲ့ကြပါသည်။ ဆရာတော် ဘုရား များ ၏ ဩဝါဒ တော် များ ကို ကြည်ညို စွာ နာယူ ကြ၍ ဆွမ်း ဆက်ကပ် လှူဒါန်း ကြသည်။ ရွာ သူ ရွာ သား များ အနေဖြင့် ကောင်းမှု ကုသိုလ် ပြုရန် အတွက် ငွေ ကြေး ပစ္စည်း များ ကို စေတနာ ထက်သန် စွာ ထည့်ဝင် ကြပါသည်။ စာပေ ပြန့်ပွား ရေး နှင့် ပညာ ရေး ဆိုင်ရာ လုပ်ငန်း များ ကို လည်း ဆောင်ရွက် လျက် ရှိကြောင်း သိရှိ ရပါသည်။ ပိဋကတ် သုံးပုံ ပါဠိ ဘာသာ ကို မြန်မာ ဘာသာ သို့ ပြန်ဆို ၍ ပုံနှိပ် ထုတ်ဝေ ခြင်း ဖြင့် ယုံကြည် သူ များ အား အထောက်အကူ ပြု ပေးလျက် ရှိပါသည်။ ဤ ကုသိုလ် ကောင်းမှု အဖို့ ကို သတ္တဝါ အားလုံး တို့ အား အမျှ ဝေ ပါသည်။

တောင်ကြီး မြို့ ရှိ ဘုန်းတော်ကြီး ကျောင်း တိုက် တွင် နှစ်စဉ် ကျင်းပမြဲ ဓမ္မ သဘင် ကို ဆင်နွှဲ ကျင်းပ ခဲ့ကြပါသည်။ ဆရာတော် ဘုရား များ ၏ ဩဝါဒ တော် များ ကို ကြည်ညို စွာ နာယူ ကြ၍ ဆွမ်း ဆက်ကပ် လှူဒါန်း ကြသည်။ ရွာ သူ ရွာ သား များ အနေဖြင့် ကောင်းမှု ကုသိုလ် ပြုရန် အတွက် ငွေ ကြေး ပစ္စည်း များ ကို စေတနာ ထက်သန် စွာ ထည့်ဝင် ကြပါသည်။ စာပေ ပြန့်ပွား ရေး နှင့် ပညာ ရေး ဆိုင်ရာ လုပ်ငန်း များ ကို လည်း ဆောင်ရွက် လျက် ရှိကြောင်း သိရှိ ရပါသည်။ ပိဋကတ် သုံးပုံ ပါဠိ ဘာသာ ကို မြန်မာ ဘာသာ သို့ ပြန်ဆို ၍ ပုံနှိပ် ထုတ်ဝေ ခြင်း ဖြင့် ယုံကြည် သူ များ အား အထောက်အကူ ပြု ပေးလျက် ရှိပါသည်။ ဤ ကုသိုလ် ကောင်းမှု အဖို့ ကို သတ္တဝါ အားလုံး တို့ အား အမျှ ဝေ ပါသည်။

တောင်ကြီး မြို့ ရှိ ဘုန်းတော်ကြီး ကျောင်း တိုက် တွင် နှစ်စဉ် ကျင်းပမြဲ ဓမ္မ သဘင် ကို ဆင်နွှဲ ကျင်းပ ခဲ့ကြပါသည်။ ဆရာတော် ဘုရား များ ၏ ဩဝါဒ တော် များ ကို ကြည်ညို စွာ နာယူ ကြ၍ ဆွမ်း ဆက်ကပ် လှူဒါန်း ကြသည်။ ရွာ သူ ရွာ သား များ အနေဖြင့် ကောင်းမှု ကုသိုလ် ပြုရန် အတွက် ငွေ ကြေး ပစ္စည်း များ ကို စေတနာ ထက်သန် စွာ ထည့်ဝင် ကြပါသည်။ စာပေ ပြန့်ပွား ရေး နှင့် ပညာ ရေး ဆိုင်ရာ လုပ်ငန်း များ ကို လည်း ဆောင်ရွက် လျက် ရှိကြောင်း သိရှိ ရပါသည်။ ပိဋကတ် သုံးပုံ ပါဠိ ဘာသာ ကို မြန်မာ ဘာသာ သို့ ပြန်ဆို ၍ ပုံနှိပ် ထုတ်ဝေ ခြင်း ဖြင့် ယုံကြည် သူ များ အား အထောက်အကူ ပြု ပေးလျက် ရှိပါသည်။ ဤ ကုသိုလ် ကောင်းမှု အဖို့ ကို သတ္တဝါ အားလုံး တို့ အား အမျှ ဝေ ပါသည်။

တောင်ကြီး မြို့ ရှိ ဘုန်းတော်ကြီး ကျောင်း တိုက် တွင် နှစ်စဉ် ကျင်းပမြဲ ဓမ္မ သဘင် ကို ဆင်နွှဲ ကျင်းပ ခဲ့ကြပါသည်။ ဆရာတော် ဘုရား များ ၏ ဩဝါဒ တော် များ ကို ကြည်ညို စွာ နာယူ ကြ၍ ဆွမ်း ဆက်ကပ် လှူဒါန်း ကြသည်။ ရွာ သူ ရွာ သား များ အနေဖြင့် ကောင်းမှု ကုသိုလ် ပြုရန် အတွက် ငွေ ကြေး ပစ္စည်း များ ကို စေတနာ ထက်သန် စွာ ထည့်ဝင် ကြပါသည်။ စာပေ ပြန့်ပွား ရေး နှင့် ပညာ ရေး ဆိုင်ရာ လုပ်ငန်း များ ကို လည်း ဆောင်ရွက် လျက် ရှိကြောင်း သိရှိ ရပါသည်။ ပိဋကတ် သုံးပုံ ပါဠိ ဘာသာ ကို မြန်မာ ဘာသာ သို့ ပြန်ဆို ၍ ပုံနှိပ် ထုတ်ဝေ ခြင်း ဖြင့် ယုံကြည် သူ များ အား အထောက်အကူ ပြု ပေးလျက် ရှိပါသည်။ ဤ ကုသိုလ် ကောင်းမှု အဖို့ ကို သတ္တဝါ အားလုံး တို့ အား အမျှ ဝေ ပါသည်။

တောင်ကြီး မြို့ ရှိ ဘုန်းတော်ကြီး ကျောင်း တိုက် တွင် နှစ်စဉ် ကျင်းပမြဲ ဓမ္မ သဘင် ကို ဆင်နွှဲ ကျင်းပ ခဲ့ကြပါသည်။ ဆရာတော် ဘုရား များ ၏ ဩဝါဒ တော် များ ကို ကြည်ညို စွာ နာယူ ကြ၍ ဆွမ်း ဆက်ကပ် လှူဒါန်း ကြသည်။ ရွာ သူ ရွာ သား များ အနေဖြင့် ကောင်းမှု ကုသိုလ် ပြုရန် အတွက် ငွေ ကြေး ပစ္စည်း များ ကို စေတနာ ထက်သန် စွာ ထည့်ဝင် ကြပါသည်။ စာပေ ပြန့်ပွား ရေး နှင့် ပညာ ရေး ဆိုင်ရာ လုပ်ငန်း များ ကို လည်း ဆောင်ရွက် လျက် ရှိကြောင်း သိရှိ ရပါသည်။ ပိဋကတ် သုံးပုံ ပါဠိ ဘာသာ ကို မြန်မာ ဘာသာ သို့ ပြန်ဆို ၍ ပုံနှိပ် ထုတ်ဝေ ခြင်း ဖြင့် ယုံကြည် သူ များ အား အထောက်အကူ ပြု ပေးလျက် ရှိပါသည်။ ဤ ကုသိုလ် ကောင်းမှု အဖို့ ကို သတ္တဝါ အားလုံး တို့ အား အမျှ ဝေ ပါသည်။

တောင်ကြီး မြို့ ရှိ ဘုန်းတော်ကြီး ကျောင်း တိုက် တွင် နှစ်စဉ် ကျင်းပမြဲ ဓမ္မ သဘင် ကို ဆင်နွှဲ ကျင်းပ ခဲ့ကြပါသည်။ ဆရာတော် ဘုရား များ ၏ ဩဝါဒ တော် များ ကို ကြည်ညို စွာ နာယူ ကြ၍ ဆွမ်း ဆက်ကပ် လှူဒါန်း ကြသည်။ ရွာ သူ ရွာ သား များ အနေဖြင့် ကောင်းမှု ကုသိုလ် ပြုရန် အတွက် ငွေ ကြေး ပစ္စည်း များ ကို စေတနာ ထက်သန် စွာ ထည့်ဝင် ကြပါသည်။ စာပေ ပြန့်ပွား ရေး နှင့် ပညာ ရေး ဆိုင်ရာ လုပ်ငန်း များ ကို လည်း ဆောင်ရွက် လျက် ရှိကြောင်း သိရှိ ရပါသည်။ ပိဋကတ် သုံးပုံ ပါဠိ ဘာသာ ကို မြန်မာ ဘာသာ သို့ ပြန်ဆို ၍ ပုံနှိပ် ထုတ်ဝေ ခြင်း ဖြင့် ယုံကြည် သူ များ အား အထောက်အကူ ပြု ပေးလျက် ရှိပါသည်။ ဤ ကုသိုလ် ကောင်းမှု အဖို့ ကို သတ္တဝါ အားလုံး တို့ အား အမျှ ဝေ ပါသည်။

တောင်ကြီး မြို့ ရှိ ဘုန်းတော်ကြီး ကျောင်း တိုက် တွင် နှစ်စဉ် ကျင်းပမြဲ ဓမ္မ သဘင် ကို ဆင်နွှဲ ကျင်းပ ခဲ့ကြပါသည်။ ဆရာတော် ဘုရား များ ၏ ဩဝါဒ တော် များ ကို ကြည်ညို စွာ နာယူ ကြ၍ ဆွမ်း ဆက်ကပ် လှူဒါန်း ကြသည်။ ရွာ သူ ရွာ သား များ အနေဖြင့် ကောင်းမှု ကုသိုလ် ပြုရန် အတွက် ငွေ ကြေး ပစ္စည်း များ ကို စေတနာ ထက်သန် စွာ ထည့်ဝင် ကြပါသည်။ စာပေ ပြန့်ပွား ရေး နှင့် ပညာ ရေး ဆိုင်ရာ လုပ်ငန်း များ ကို လည်း ဆောင်ရွက် လျက် ရှိကြောင်း သိရှိ ရပါသည်။ ပိဋကတ် သုံးပုံ ပါဠိ ဘာသာ ကို မြန်မာ ဘာသာ သို့ ပြန်ဆို ၍ ပုံနှိပ် ထုတ်ဝေ ခြင်း ဖြင့် ယုံကြည် သူ များ အား အထောက်အကူ ပြု ပေးလျက် ရှိပါသည်။ ဤ ကုသိုလ် ကောင်းမှု အဖို့ ကို သတ္တဝါ အားလုံး တို့ အား အမျှ ဝေ ပါသည်။

တောင်ကြီး မြို့ ရှိ ဘုန်းတော်ကြီး ကျောင်း တိုက် တွင် နှစ်စဉ် ကျင်းပမြဲ ဓမ္မ သဘင် ကို ဆင်နွှဲ ကျင်းပ ခဲ့ကြပါသည်။ ဆရာတော် ဘုရား များ ၏ ဩဝါဒ တော် များ ကို ကြည်ညို စွာ နာယူ ကြ၍ ဆွမ်း ဆက်ကပ် လှူဒါန်း ကြသည်။ ရွာ သူ ရွာ သား များ အနေဖြင့် ကောင်းမှု ကုသိုလ် ပြုရန် အတွက် ငွေ ကြေး ပစ္စည်း များ ကို စေတနာ ထက်သန် စွာ ထည့်ဝင် ကြပါသည်။ စာပေ ပြန့်ပွား ရေး နှင့် ပညာ ရေး ဆိုင်ရာ လုပ်ငန်း များ ကို လည်း ဆောင်ရွက် လျက် ရှိကြောင်း သိရှိ ရပါသည်။ ပိဋကတ် သုံးပုံ ပါဠိ ဘာသာ ကို မြန်မာ ဘာသာ သို့ ပြန်ဆို ၍ ပုံနှိပ် ထုတ်ဝေ ခြင်း ဖြင့် ယုံကြည် သူ များ အား အထောက်အကူ ပြု ပေးလျက် ရှိပါသည်။ ဤ ကုသိုလ် ကောင်းမှု အဖို့ ကို သတ္တဝါ အားလုံး တို့ အား အမျှ ဝေ ပါသည်။

တောင်ကြီး မြို့ ရှိ ဘုန်းတော်ကြီး ကျောင်း တိုက် တွင် နှစ်စဉ် ကျင်းပမြဲ ဓမ္မ သဘင် ကို ဆင်နွှဲ ကျင်းပ ခဲ့ကြပါသည်။ ဆရာတော် ဘုရား များ ၏ ဩဝါဒ တော် များ ကို ကြည်ညို စွာ နာယူ ကြ၍ ဆွမ်း ဆက်ကပ် လှူဒါန်း ကြသည်။ ရွာ သူ ရွာ သား များ အနေဖြင့် ကောင်းမှု ကုသိုလ် ပြုရန် အတွက် ငွေ ကြေး ပစ္စည်း များ ကို စေတနာ ထက်သန် စွာ ထည့်ဝင် ကြပါသည်။ စာပေ ပြန့်ပွား ရေး နှင့် ပညာ ရေး ဆိုင်ရာ လုပ်ငန်း များ ကို လည်း ဆောင်ရွက် လျက် ရှိကြောင်း သိရှိ ရပါသည်။ ပိဋကတ် သုံးပုံ ပါဠိ ဘာသာ ကို မြန်မာ ဘာသာ သို့ ပြန်ဆို ၍ ပုံနှိပ် ထုတ်ဝေ ခြင်း ဖြင့် ယုံကြည် သူ များ အား အထောက်အကူ ပြု ပေးလျက် ရှိပါသည်။ ဤ ကုသိုလ် ကောင်းမှု အဖို့ ကို သတ္တဝါ အားလုံး တို့ အား အမျှ ဝေ ပါသည်။

တောင်ကြီး မြို့ ရှိ ဘုန်းတော်ကြီး ကျောင်း တိုက် တွင် နှစ်စဉ် ကျင်းပမြဲ ဓမ္မ သဘင် ကို ဆင်နွှဲ ကျင်းပ ခဲ့ကြပါသည်။ ဆရာတော် ဘုရား များ ၏ ဩဝါဒ တော် များ ကို ကြည်ညို စွာ နာယူ ကြ၍ ဆွမ်း ဆက်ကပ် လှူဒါန်း ကြသည်။ ရွာ သူ ရွာ သား များ အနေဖြင့် ကောင်းမှု ကုသိုလ် ပြုရန် အတွက် ငွေ ကြေး ပစ္စည်း များ ကို စေတနာ ထက်သန် စွာ ထည့်ဝင် ကြပါသည်။ စာပေ ပြန့်ပွား ရေး နှင့် ပညာ ရေး ဆိုင်ရာ လုပ်ငန်း များ ကို လည်း ဆောင်ရွက် လျက် ရှိကြောင်း သိရှိ ရပါသည်။ ပိဋကတ် သုံးပုံ ပါဠိ ဘာသာ ကို မြန်မာ ဘာသာ သို့ ပြန်ဆို ၍ ပုံနှိပ် ထုတ်ဝေ ခြင်း ဖြင့် ယုံကြည် သူ များ အား အထောက်အကူ ပြု ပေးလျက် ရှိပါသည်။ ဤ ကုသိုလ် ကောင်းမှု အဖို့ ကို သတ္တဝါ အားလုံး တို့ အား အမျှ ဝေ ပါသည်။

တောင်ကြီး မြို့ ရှိ ဘုန်းတော်ကြီး ကျောင်း တိုက် တွင် နှစ်စဉ် ကျင်းပမြဲ ဓမ္မ သဘင် ကို ဆင်နွှဲ ကျင်းပ ခဲ့ကြပါသည်။ ဆရာတော် ဘုရား များ ၏ ဩဝါဒ တော် များ ကို ကြည်ညို စွာ နာယူ ကြ၍ ဆွမ်း ဆက်ကပ် လှူဒါန်း ကြသည်။ ရွာ သူ ရွာ သား များ အနေဖြင့် ကောင်းမှု ကုသိုလ် ပြုရန် အတွက် ငွေ ကြေး ပစ္စည်း များ ကို စေတနာ ထက်သန် စွာ ထည့်ဝင် ကြပါသည်။ စာပေ ပြန့်ပွား ရေး နှင့် ပညာ ရေး ဆိုင်ရာ လုပ်ငန်း များ ကို လည်း ဆောင်ရွက် လျက် ရှိကြောင်း သိရှိ ရပါသည်။ ပိဋကတ် သုံးပုံ ပါဠိ ဘာသာ ကို မြန်မာ ဘာသာ သို့ ပြန်ဆို ၍ ပုံနှိပ် ထုတ်ဝေ ခြင်း ဖြင့် ယုံကြည် သူ များ အား အထောက်အကူ ပြု ပေးလျက် ရှိပါသည်။ ဤ ကုသိုလ် ကောင်းမှု အဖို့ ကို သတ္တဝါ အားလုံး တို့ အား အမျှ ဝေ ပါသည်။

တောင်ကြီး မြို့ ရှိ ဘုန်းတော်ကြီး ကျောင်း တိုက် တွင် နှစ်စဉ် ကျင်းပမြဲ ဓမ္မ သဘင် ကို ဆင်နွှဲ ကျင်းပ ခဲ့ကြပါသည်။ ဆရာတော် ဘုရား များ ၏ ဩဝါဒ တော် များ ကို ကြည်ညို စွာ နာယူ ကြ၍ ဆွမ်း ဆက်ကပ် လှူဒါန်း ကြသည်။ ရွာ သူ ရွာ သား များ အနေဖြင့် ကောင်းမှု ကုသိုလ် ပြုရန် အတွက် ငွေ ကြေး ပစ္စည်း များ ကို စေတနာ ထက်သန် စွာ ထည့်ဝင် ကြပါသည်။ စာပေ ပြန့်ပွား ရေး နှင့် ပညာ ရေး ဆိုင်ရာ လုပ်ငန်း များ ကို လည်း ဆောင်ရွက် လျက် ရှိကြောင်း သိရှိ ရပါသည်။ ပိဋကတ် သုံးပုံ ပါဠိ ဘာသာ ကို မြန်မာ ဘာသာ သို့ ပြန်ဆို ၍ ပုံနှိပ် ထုတ်ဝေ ခြင်း ဖြင့် ယုံကြည် သူ များ အား အထောက်အကူ ပြု ပေးလျက် ရှိပါသည်။ ဤ ကုသိုလ် ကောင်းမှု အဖို့ ကို သတ္တဝါ အားလုံး တို့ အား အမျှ ဝေ ပါသည်။

တောင်ကြီး မြို့ ရှိ ဘုန်းတော်ကြီး ကျောင်း တိုက် တွင် နှစ်စဉ် ကျင်းပမြဲ ဓမ္မ သဘင် ကို ဆင်နွှဲ ကျင်းပ ခဲ့ကြပါသည်။ ဆရာတော် ဘုရား များ ၏ ဩဝါဒ တော် များ ကို ကြည်ညို စွာ နာယူ ကြ၍ ဆွမ်း ဆက်ကပ် လှူဒါန်း ကြသည်။ ရွာ သူ ရွာ သား များ အနေဖြင့် ကောင်းမှု ကုသိုလ် ပြုရန် အတွက် ငွေ ကြေး ပစ္စည်း များ ကို စေတနာ ထက်သန် စွာ ထည့်ဝင် ကြပါသည်။ စာပေ ပြန့်ပွား ရေး နှင့် ပညာ ရေး ဆိုင်ရာ လုပ်ငန်း များ ကို လည်း ဆောင်ရွက် လျက် ရှိကြောင်း သိရှိ ရပါသည်။ ပိဋကတ် သုံးပုံ ပါဠိ ဘာသာ ကို မြန်မာ ဘာသာ သို့ ပြန်ဆို ၍ ပုံနှိပ် ထုတ်ဝေ ခြင်း ဖြင့် ယုံကြည် သူ များ အား အထောက်အကူ ပြု ပေးလျက် ရှိပါသည်။ ဤ ကုသိုလ် ကောင်းမှု အဖို့ ကို သတ္တဝါ အားလုံး တို့ အား အမျှ ဝေ ပါသည်။

တောင်ကြီး မြို့ ရှိ ဘုန်းတော်ကြီး ကျောင်း တိုက် တွင် နှစ်စဉ် ကျင်းပမြဲ ဓမ္မ သဘင် ကို ဆင်နွှဲ ကျင်းပ ခဲ့ကြပါသည်။ ဆရာတော် ဘုရား များ ၏ ဩဝါဒ တော် များ ကို ကြည်ညို စွာ နာယူ ကြ၍ ဆွမ်း ဆက်ကပ် လှူဒါန်း ကြသည်။ ရွာ သူ ရွာ သား များ အနေဖြင့် ကောင်းမှု ကုသိုလ် ပြုရန် အတွက် ငွေ ကြေး ပစ္စည်း များ ကို စေတနာ ထက်သန် စွာ ထည့်ဝင် ကြပါသည်။ စာပေ ပြန့်ပွား ရေး နှင့် ပညာ ရေး ဆိုင်ရာ လုပ်ငန်း များ ကို လည်း ဆောင်ရွက် လျက် ရှိကြောင်း သိရှိ ရပါသည်။ ပိဋကတ် သုံးပုံ ပါဠိ ဘာသာ ကို မြန်မာ ဘာသာ သို့ ပြန်ဆို ၍ ပုံနှိပ် ထုတ်ဝေ ခြင်း ဖြင့် ယုံကြည် သူ များ အား အထောက်အကူ ပြု ပေးလျက် ရှိပါသည်။ ဤ ကုသိုလ် ကောင်းမှု အဖို့ ကို သတ္တဝါ အားလုံး တို့ အား အမျှ ဝေ ပါသည်။

တောင်ကြီး မြို့ ရှိ ဘုန်းတော်ကြီး ကျောင်း တိုက် တွင် နှစ်စဉ် ကျင်းပမြဲ ဓမ္မ သဘင် ကို ဆင်နွှဲ ကျင်းပ ခဲ့ကြပါသည်။ ဆရာတော် ဘုရား များ ၏ ဩဝါဒ တော် များ ကို ကြည်ညို စွာ နာယူ ကြ၍ ဆွမ်း ဆက်ကပ် လှူဒါန်း ကြသည်။ ရွာ သူ ရွာ သား များ အနေဖြင့် ကောင်းမှု ကုသိုလ် ပြုရန် အတွက် ငွေ ကြေး ပစ္စည်း များ ကို စေတနာ ထက်သန် စွာ ထည့်ဝင် ကြပါသည်။ စာပေ ပြန့်ပွား ရေး နှင့် ပညာ ရေး ဆိုင်ရာ လုပ်ငန်း များ ကို လည်း ဆောင်ရွက် လျက် ရှိကြောင်း သိရှိ ရပါသည်။ ပိဋကတ် သုံးပုံ ပါဠိ ဘာသာ ကို မြန်မာ ဘာသာ သို့ ပြန်ဆို ၍ ပုံနှိပ် ထုတ်ဝေ ခြင်း ဖြင့် ယုံကြည် သူ များ အား အထောက်အကူ ပြု ပေးလျက် ရှိပါသည်။ ဤ ကုသိုလ် ကောင်းမှု အဖို့ ကို သတ္တဝါ အားလုံး တို့ အား အမျှ ဝေ ပါသည်။

တောင်ကြီး မြို့ ရှိ ဘုန်းတော်ကြီး ကျောင်း တိုက် တွင် နှစ်စဉ် ကျင်းပမြဲ ဓမ္မ သဘင် ကို ဆင်နွှဲ ကျင်းပ ခဲ့ကြပါသည်။ ဆရာတော် ဘုရား များ ၏ ဩဝါဒ တော် များ ကို ကြည်ညို စွာ နာယူ ကြ၍ ဆွမ်း ဆက်ကပ် လှူဒါန်း ကြသည်။ ရွာ သူ ရွာ သား များ အနေဖြင့် ကောင်းမှု ကုသိုလ် ပြုရန် အတွက် ငွေ ကြေး ပစ္စည်း များ ကို စေတနာ ထက်သန် စွာ ထည့်ဝင် ကြပါသည်။ စာပေ ပြန့်ပွား ရေး နှင့် ပညာ ရေး ဆိုင်ရာ လုပ်ငန်း များ ကို လည်း ဆောင်ရွက် လျက် ရှိကြောင်း သိရှိ ရပါသည်။ ပိဋကတ် သုံးပုံ ပါဠိ ဘာသာ ကို မြန်မာ ဘာသာ သို့ ပြန်ဆို ၍ ပုံနှိပ် ထုတ်ဝေ ခြင်း ဖြင့် ယုံကြည် သူ များ အား အထောက်အကူ ပြု ပေးလျက် ရှိပါသည်။ ဤ ကုသိုလ် ကောင်းမှု အဖို့ ကို သတ္တဝါ အားလုံး တို့ အား အမျှ ဝေ ပါသည်။

တောင်ကြီး မြို့ ရှိ ဘုန်းတော်ကြီး ကျောင်း တိုက် တွင် နှစ်စဉ် ကျင်းပမြဲ ဓမ္မ သဘင် ကို ဆင်နွှဲ ကျင်းပ ခဲ့ကြပါသည်။ ဆရာတော် ဘုရား များ ၏ ဩဝါဒ တော် များ ကို ကြည်ညို စွာ နာယူ ကြ၍ ဆွမ်း ဆက်ကပ် လှူဒါန်း ကြသည်။ ရွာ သူ ရွာ သား များ အနေဖြင့် ကောင်းမှု ကုသိုလ် ပြုရန် အတွက် ငွေ ကြေး ပစ္စည်း များ ကို စေတနာ ထက်သန် စွာ ထည့်ဝင် ကြပါသည်။ စာပေ ပြန့်ပွား ရေး နှင့် ပညာ ရေး ဆိုင်ရာ လုပ်ငန်း များ ကို လည်း ဆောင်ရွက် လျက် ရှိကြောင်း သိရှိ ရပါသည်။ ပိဋကတ် သုံးပုံ ပါဠိ ဘာသာ ကို မြန်မာ ဘာသာ သို့ ပြန်ဆို ၍ ပုံနှိပ် ထုတ်ဝေ ခြင်း ဖြင့် ယုံကြည် သူ များ အား အထောက်အကူ ပြု ပေးလျက် ရှိပါသည်။ ဤ ကုသိုလ် ကောင်းမှု အဖို့ ကို သတ္တဝါ အားလုံး တို့ အား အမျှ ဝေ ပါသည်။

တောင်ကြီး မြို့ ရှိ ဘုန်းတော်ကြီး ကျောင်း တိုက် တွင် နှစ်စဉ် ကျင်းပမြဲ ဓမ္မ သဘင် ကို ဆင်နွှဲ ကျင်းပ ခဲ့ကြပါသည်။ ဆရာတော် ဘုရား များ ၏ ဩဝါဒ တော် များ ကို ကြည်ညို စွာ နာယူ ကြ၍ ဆွမ်း ဆက်ကပ် လှူဒါန်း ကြသည်။ ရွာ သူ ရွာ သား များ အနေဖြင့် ကောင်းမှု ကုသိုလ် ပြုရန် အတွက် ငွေ ကြေး ပစ္စည်း များ ကို စေတနာ ထက်သန် စွာ ထည့်ဝင် ကြပါသည်။ စာပေ ပြန့်ပွား ရေး နှင့် ပညာ ရေး ဆိုင်ရာ လုပ်ငန်း များ ကို လည်း ဆောင်ရွက် လျက် ရှိကြောင်း သိရှိ ရပါသည်။ ပိဋကတ် သုံးပုံ ပါဠိ ဘာသာ ကို မြန်မာ ဘာသာ သို့ ပြန်ဆို ၍ ပုံနှိပ် ထုတ်ဝေ ခြင်း ဖြင့် ယုံကြည် သူ များ အား အထောက်အကူ ပြု ပေးလျက် ရှိပါသည်။ ဤ ကုသိုလ် ကောင်းမှု အဖို့ ကို သတ္တဝါ အားလုံး တို့ အား အမျှ ဝေ ပါသည်။

နိုင်ငံ အနှံ့ ရှိ ဘာသာ ရေး အသင်း အဖွဲ့ များ သည် ဗုဒ္ဓ ၏ အဆုံးအမ များ ကို လိုက်နာ ကျင့်သုံး ကြရန် စည်းရုံး လျက် ရှိပါသည်။ ဥပုသ် သီတင်း ဆောက်တည် ကာ ဘုရား ဖူး ကြ ခြင်း၊ ဆွမ်း ဆန် ချက်ကျွေး လှူဒါန်း ခြင်း များ ပြုလုပ် ကြသည်။ ဓမ္မ စကြာ ဒေသနာ တော် ကို ရွတ်ဖတ် ပူဇော် ကြ၍ မေတ္တာ ပို့ သ ကြပါသည်။ လူငယ် လူရွယ် များ ကို လည်း ဘာသာ ရေး ဆိုင်ရာ သင်တန်း များ တက်ရောက် စေ ၍ ယဉ်ကျေး မှု အမွေ အနှစ် များ ကို ထိန်းသိမ်း ကြရမည် ဖြစ်ကြောင်း ဆွေးနွေး ကြပါသည်။ ကျေးရွာ အသီးသီး ရှိ ကျောင်း ဆရာ ဆရာမ များ ၏ ပံ့ပိုး ကူညီ မှု ဖြင့် ဤ အစီအစဉ် များ အောင်မြင် စွာ ပြီးမြောက် ခဲ့ပါသည်။

နိုင်ငံ အနှံ့ ရှိ ဘာသာ ရေး အသင်း အဖွဲ့ များ သည် ဗုဒ္ဓ ၏ အဆုံးအမ များ ကို လိုက်နာ ကျင့်သုံး ကြရန် စည်းရုံး လျက် ရှိပါသည်။ ဥပုသ် သီတင်း ဆောက်တည် ကာ ဘုရား ဖူး ကြ ခြင်း၊ ဆွမ်း ဆန် ချက်ကျွေး လှူဒါန်း ခြင်း များ ပြုလုပ် ကြသည်။ ဓမ္မ စကြာ ဒေသနာ တော် ကို ရွတ်ဖတ် ပူဇော် ကြ၍ မေတ္တာ ပို့ သ ကြပါသည်။ လူငယ် လူရွယ် များ ကို လည်း ဘာသာ ရေး ဆိုင်ရာ သင်တန်း များ တက်ရောက် စေ ၍ ယဉ်ကျေး မှု အမွေ အနှစ် များ ကို ထိန်းသိမ်း ကြရမည် ဖြစ်ကြောင်း ဆွေးနွေး ကြပါသည်။ ကျေးရွာ အသီးသီး ရှိ ကျောင်း ဆရာ ဆရာမ များ ၏ ပံ့ပိုး ကူညီ မှု ဖြင့် ဤ အစီအစဉ် များ အောင်မြင် စွာ ပြီးမြောက် ခဲ့ပါသည်။

နိုင်ငံ အနှံ့ ရှိ ဘာသာ ရေး အသင်း အဖွဲ့ များ သည် ဗုဒ္ဓ ၏ အဆုံးအမ များ ကို လိုက်နာ ကျင့်သုံး ကြရန် စည်းရုံး လျက် ရှိပါသည်။ ဥပုသ် သီတင်း ဆောက်တည် ကာ ဘုရား ဖူး ကြ ခြင်း၊ ဆွမ်း ဆန် ချက်ကျွေး လှူဒါန်း ခြင်း များ ပြုလုပ် ကြသည်။ ဓမ္မ စကြာ ဒေသနာ တော် ကို ရွတ်ဖတ် ပူဇော် ကြ၍ မေတ္တာ ပို့ သ ကြပါသည်။ လူငယ် လူရွယ် များ ကို လည်း ဘာသာ ရေး ဆိုင်ရာ သင်တန်း များ တက်ရောက် စေ ၍ ယဉ်ကျေး မှု အမွေ အနှစ် များ ကို ထိန်းသိမ်း ကြရမည် ဖြစ်ကြောင်း ဆွေးနွေး ကြပါသည်။ ကျေးရွာ အသီးသီး ရှိ ကျောင်း ဆရာ ဆရာမ များ ၏ ပံ့ပိုး ကူညီ မှု ဖြင့် ဤ အစီအစဉ် များ အောင်မြင် စွာ ပြီးမြောက် ခဲ့ပါသည်။

နိုင်ငံ အနှံ့ ရှိ ဘာသာ ရေး အသင်း အဖွဲ့ များ သည် ဗုဒ္ဓ ၏ အဆုံးအမ များ ကို လိုက်နာ ကျင့်သုံး ကြရန် စည်းရုံး လျက် ရှိပါသည်။ ဥပုသ် သီတင်း ဆောက်တည် ကာ ဘုရား ဖူး ကြ ခြင်း၊ ဆွမ်း ဆန် ချက်ကျွေး လှူဒါန်း ခြင်း များ ပြုလုပ် ကြသည်။ ဓမ္မ စကြာ ဒေသနာ တော် ကို ရွတ်ဖတ် ပူဇော် ကြ၍ မေတ္တာ ပို့ သ ကြပါသည်။ လူငယ် လူရွယ် များ ကို လည်း ဘာသာ ရေး ဆိုင်ရာ သင်တန်း များ တက်ရောက် စေ ၍ ယဉ်ကျေး မှု အမွေ အနှစ် များ ကို ထိန်းသိမ်း ကြရမည် ဖြစ်ကြောင်း ဆွေးနွေး ကြပါသည်။ ကျေးရွာ အသီးသီး ရှိ ကျောင်း ဆရာ ဆရာမ များ ၏ ပံ့ပိုး ကူညီ မှု ဖြင့် ဤ အစီအစဉ် များ အောင်မြင် စွာ ပြီးမြောက် ခဲ့ပါသည်။

နိုင်ငံ အနှံ့ ရှိ ဘာသာ ရေး အသင်း အဖွဲ့ များ သည် ဗုဒ္ဓ ၏ အဆုံးအမ များ ကို လိုက်နာ ကျင့်သုံး ကြရန် စည်းရုံး လျက် ရှိပါသည်။ ဥပုသ် သီတင်း ဆောက်တည် ကာ ဘုရား ဖူး ကြ ခြင်း၊ ဆွမ်း ဆန် ချက်ကျွေး လှူဒါန်း ခြင်း များ ပြုလုပ် ကြသည်။ ဓမ္မ စကြာ ဒေသနာ တော် ကို ရွတ်ဖတ် ပူဇော် ကြ၍ မေတ္တာ ပို့ သ ကြပါသည်။ လူငယ် လူရွယ် များ ကို လည်း ဘာသာ ရေး ဆိုင်ရာ သင်တန်း များ တက်ရောက် စေ ၍ ယဉ်ကျေး မှု အမွေ အနှစ် များ ကို ထိန်းသိမ်း ကြရမည် ဖြစ်ကြောင်း ဆွေးနွေး ကြပါသည်။ ကျေးရွာ အသီးသီး ရှိ ကျောင်း ဆရာ ဆရာမ များ ၏ ပံ့ပိုး ကူညီ မှု ဖြင့် ဤ အစီအစဉ် များ အောင်မြင် စွာ ပြီးမြောက် ခဲ့ပါသည်။

နိုင်ငံ အနှံ့ ရှိ ဘာသာ ရေး အသင်း အဖွဲ့ များ သည် ဗုဒ္ဓ ၏ အဆုံးအမ များ ကို လိုက်နာ ကျင့်သုံး ကြရန် စည်းရုံး လျက် ရှိပါသည်။ ဥပုသ် သီတင်း ဆောက်တည် ကာ ဘုရား ဖူး ကြ ခြင်း၊ ဆွမ်း ဆန် ချက်ကျွေး လှူဒါန်း ခြင်း များ ပြုလုပ် ကြသည်။ ဓမ္မ စကြာ ဒေသနာ တော် ကို ရွတ်ဖတ် ပူဇော် ကြ၍ မေတ္တာ ပို့ သ ကြပါသည်။ လူငယ် လူရွယ် များ ကို လည်း ဘာသာ ရေး ဆိုင်ရာ သင်တန်း များ တက်ရောက် စေ ၍ ယဉ်ကျေး မှု အမွေ အနှစ် များ ကို ထိန်းသိမ်း ကြရမည် ဖြစ်ကြောင်း ဆွေးနွေး ကြပါသည်။ ကျေးရွာ အသီးသီး ရှိ ကျောင်း ဆရာ ဆရာမ များ ၏ ပံ့ပိုး ကူညီ မှု ဖြင့် ဤ အစီအစဉ် များ အောင်မြင် စွာ ပြီးမြောက် ခဲ့ပါသည်။

နိုင်ငံ အနှံ့ ရှိ ဘာသာ ရေး အသင်း အဖွဲ့ များ သည် ဗုဒ္ဓ ၏ အဆုံးအမ များ ကို လိုက်နာ ကျင့်သုံး ကြရန် စည်းရုံး လျက် ရှိပါသည်။ ဥပုသ် သီတင်း ဆောက်တည် ကာ ဘုရား ဖူး ကြ ခြင်း၊ ဆွမ်း ဆန် ချက်ကျွေး လှူဒါန်း ခြင်း များ ပြုလုပ် ကြသည်။ ဓမ္မ စကြာ ဒေသနာ တော် ကို ရွတ်ဖတ် ပူဇော် ကြ၍ မေတ္တာ ပို့ သ ကြပါသည်။ လူငယ် လူရွယ် များ ကို လည်း ဘာသာ ရေး ဆိုင်ရာ သင်တန်း များ တက်ရောက် စေ ၍ ယဉ်ကျေး မှု အမွေ အနှစ် များ ကို ထိန်းသိမ်း ကြရမည် ဖြစ်ကြောင်း ဆွေးနွေး ကြပါသည်။ ကျေးရွာ အသီးသီး ရှိ ကျောင်း ဆရာ ဆရာမ များ ၏ ပံ့ပိုး ကူညီ မှု ဖြင့် ဤ အစီအစဉ် များ အောင်မြင် စွာ ပြီးမြောက် ခဲ့ပါသည်။

နိုင်ငံ အနှံ့ ရှိ ဘာသာ ရေး အသင်း အဖွဲ့ များ သည် ဗုဒ္ဓ ၏ အဆုံးအမ များ ကို လိုက်နာ ကျင့်သုံး ကြရန် စည်းရုံး လျက် ရှိပါသည်။ ဥပုသ် သီတင်း ဆောက်တည် ကာ ဘုရား ဖူး ကြ ခြင်း၊ ဆွမ်း ဆန် ချက်ကျွေး လှူဒါန်း ခြင်း များ ပြုလုပ် ကြသည်။ ဓမ္မ စကြာ ဒေသနာ တော် ကို ရွတ်ဖတ် ပူဇော် ကြ၍ မေတ္တာ ပို့ သ ကြပါသည်။ လူငယ် လူရွယ် များ ကို လည်း ဘာသာ ရေး ဆိုင်ရာ သင်တန်း များ တက်ရောက် စေ ၍ ယဉ်ကျေး မှု အမွေ အနှစ် များ ကို ထိန်းသိမ်း ကြရမည် ဖြစ်ကြောင်း ဆွေးနွေး ကြပါသည်။ ကျေးရွာ အသီးသီး ရှိ ကျောင်း ဆရာ ဆရာမ များ ၏ ပံ့ပိုး ကူညီ မှု ဖြင့် ဤ အစီအစဉ် များ အောင်မြင် စွာ ပြီးမြောက် ခဲ့ပါသည်။

နိုင်ငံ အနှံ့ ရှိ ဘာသာ ရေး အသင်း အဖွဲ့ များ သည် ဗုဒ္ဓ ၏ အဆုံးအမ များ ကို လိုက်နာ ကျင့်သုံး ကြရန် စည်းရုံး လျက် ရှိပါသည်။ ဥပုသ် သီတင်း ဆောက်တည် ကာ ဘုရား ဖူး ကြ ခြင်း၊ ဆွမ်း ဆန် ချက်ကျွေး လှူဒါန်း ခြင်း များ ပြုလုပ် ကြသည်။ ဓမ္မ စကြာ ဒေသနာ တော် ကို ရွတ်ဖတ် ပူဇော် ကြ၍ မေတ္တာ ပို့ သ ကြပါသည်။ လူငယ် လူရွယ် များ ကို လည်း ဘာသာ ရေး ဆိုင်ရာ သင်တန်း များ တက်ရောက် စေ ၍ ယဉ်ကျေး မှု အမွေ အနှစ် များ ကို ထိန်းသိမ်း ကြရမည် ဖြစ်ကြောင်း ဆွေးနွေး ကြပါသည်။ ကျေးရွာ အသီးသီး ရှိ ကျောင်း ဆရာ ဆရာမ များ ၏ ပံ့ပိုး ကူညီ မှု ဖြင့် ဤ အစီအစဉ် များ အောင်မြင် စွာ ပြီးမြောက် ခဲ့ပါသည်။

နိုင်ငံ အနှံ့ ရှိ ဘာသာ ရေး အသင်း အဖွဲ့ များ သည် ဗုဒ္ဓ ၏ အဆုံးအမ များ ကို လိုက်နာ ကျင့်သုံး ကြရန် စည်းရုံး လျက် ရှိပါသည်။ ဥပုသ် သီတင်း ဆောက်တည် ကာ ဘုရား ဖူး ကြ ခြင်း၊ ဆွမ်း ဆန် ချက်ကျွေး လှူဒါန်း ခြင်း များ ပြုလုပ် ကြသည်။ ဓမ္မ စကြာ ဒေသနာ တော် ကို ရွတ်ဖတ် ပူဇော် ကြ၍ မေတ္တာ ပို့ သ ကြပါသည်။ လူငယ် လူရွယ် များ ကို လည်း ဘာသာ ရေး ဆိုင်ရာ သင်တန်း များ တက်ရောက် စေ ၍ ယဉ်ကျေး မှု အမွေ အနှစ် များ ကို ထိန်းသိမ်း ကြရမည် ဖြစ်ကြောင်း ဆွေးနွေး ကြပါသည်။ ကျေးရွာ အသီးသီး ရှိ ကျောင်း ဆရာ ဆရာမ များ ၏ ပံ့ပိုး ကူညီ မှု ဖြင့် ဤ အစီအစဉ် များ အောင်မြင် စွာ ပြီးမြောက် ခဲ့ပါသည်။

နိုင်ငံ အနှံ့ ရှိ ဘာသာ ရေး အသင်း အဖွဲ့ များ သည် ဗုဒ္ဓ ၏ အဆုံးအမ များ ကို လိုက်နာ ကျင့်သုံး ကြရန် စည်းရုံး လျက် ရှိပါသည်။ ဥပုသ် သီတင်း ဆောက်တည် ကာ ဘုရား ဖူး ကြ ခြင်း၊ ဆွမ်း ဆန် ချက်ကျွေး လှူဒါန်း ခြင်း များ ပြုလုပ် ကြသည်။ ဓမ္မ စကြာ ဒေသနာ တော် ကို ရွတ်ဖတ် ပူဇော် ကြ၍ မေတ္တာ ပို့ သ ကြပါသည်။ လူငယ် လူရွယ် များ ကို လည်း ဘာသာ ရေး ဆိုင်ရာ သင်တန်း များ တက်ရောက် စေ ၍ ယဉ်ကျေး မှု အမွေ အနှစ် များ ကို ထိန်းသိမ်း ကြရမည် ဖြစ်ကြောင်း ဆွေးနွေး ကြပါသည်။ ကျေးရွာ အသီးသီး ရှိ ကျောင်း ဆရာ ဆရာမ များ ၏ ပံ့ပိုး ကူညီ မှု ဖြင့် ဤ အစီအစဉ် များ အောင်မြင် စွာ ပြီးမြောက် ခဲ့ပါသည်။

နိုင်ငံ အနှံ့ ရှိ ဘာသာ ရေး အသင်း အဖွဲ့ များ သည် ဗုဒ္ဓ ၏ အဆုံးအမ များ ကို လိုက်နာ ကျင့်သုံး ကြရန် စည်းရုံး လျက် ရှိပါသည်။ ဥပုသ် သီတင်း ဆောက်တည် ကာ ဘုရား ဖူး ကြ ခြင်း၊ ဆွမ်း ဆန် ချက်ကျွေး လှူဒါန်း ခြင်း များ ပြုလုပ် ကြသည်။ ဓမ္မ စကြာ ဒေသနာ တော် ကို ရွတ်ဖတ် ပူဇော် ကြ၍ မေတ္တာ ပို့ သ ကြပါသည်။ လူငယ် လူရွယ် များ ကို လည်း ဘာသာ ရေး ဆိုင်ရာ သင်တန်း များ တက်ရောက် စေ ၍ ယဉ်ကျေး မှု အမွေ အနှစ် များ ကို ထိန်းသိမ်း ကြရမည် ဖြစ်ကြောင်း ဆွေးနွေး ကြပါသည်။ ကျေးရွာ အသီးသီး ရှိ ကျောင်း ဆရာ ဆရာမ များ ၏ ပံ့ပိုး ကူညီ မှု ဖြင့် ဤ အစီအစဉ် များ အောင်မြင် စွာ ပြီးမြောက် ခဲ့ပါသည်။

နိုင်ငံ အနှံ့ ရှိ ဘာသာ ရေး အသင်း အဖွဲ့ များ သည် ဗုဒ္ဓ ၏ အဆုံးအမ များ ကို လိုက်နာ ကျင့်သုံး ကြရန် စည်းရုံး လျက် ရှိပါသည်။ ဥပုသ် သီတင်း ဆောက်တည် ကာ ဘုရား ဖူး ကြ ခြင်း၊ ဆွမ်း ဆန် ချက်ကျွေး လှူဒါန်း ခြင်း များ ပြုလုပ် ကြသည်။ ဓမ္မ စကြာ ဒေသနာ တော် ကို ရွတ်ဖတ် ပူဇော် ကြ၍ မေတ္တာ ပို့ သ ကြပါသည်။ လူငယ် လူရွယ် များ ကို လည်း ဘာသာ ရေး ဆိုင်ရာ သင်တန်း များ တက်ရောက် စေ ၍ ယဉ်ကျေး မှု အမွေ အနှစ် များ ကို ထိန်းသိမ်း ကြရမည် ဖြစ်ကြောင်း ဆွေးနွေး ကြပါသည်။ ကျေးရွာ အသီးသီး ရှိ ကျောင်း ဆရာ ဆရာမ များ ၏ ပံ့ပိုး ကူညီ မှု ဖြင့် ဤ အစီအစဉ် များ အောင်မြင် စွာ ပြီးမြောက် ခဲ့ပါသည်။

နိုင်ငံ အနှံ့ ရှိ ဘာသာ ရေး အသင်း အဖွဲ့ များ သည် ဗုဒ္ဓ ၏ အဆုံးအမ များ ကို လိုက်နာ ကျင့်သုံး ကြရန် စည်းရုံး လျက် ရှိပါသည်။ ဥပုသ် သီတင်း ဆောက်တည် ကာ ဘုရား ဖူး ကြ ခြင်း၊ ဆွမ်း ဆန် ချက်ကျွေး လှူဒါန်း ခြင်း များ ပြုလုပ် ကြသည်။ ဓမ္မ စကြာ ဒေသနာ တော် ကို ရွတ်ဖတ် ပူဇော် ကြ၍ မေတ္တာ ပို့ သ ကြပါသည်။ လူငယ် လူရွယ် များ ကို လည်း ဘာသာ ရေး ဆိုင်ရာ သင်တန်း များ တက်ရောက် စေ ၍ ယဉ်ကျေး မှု အမွေ အနှစ် များ ကို ထိန်းသိမ်း ကြရမည် ဖြစ်ကြောင်း ဆွေးနွေး ကြပါသည်။ ကျေးရွာ အသီးသီး ရှိ ကျောင်း ဆရာ ဆရာမ များ ၏ ပံ့ပိုး ကူညီ မှု ဖြင့် ဤ အစီအစဉ် များ အောင်မြင် စွာ ပြီးမြောက် ခဲ့ပါသည်။

နိုင်ငံ အနှံ့ ရှိ ဘာသာ ရေး အသင်း အဖွဲ့ များ သည် ဗုဒ္ဓ ၏ အဆုံးအမ များ ကို လိုက်နာ ကျင့်သုံး ကြရန် စည်းရုံး လျက် ရှိပါသည်။ ဥပုသ် သီတင်း ဆောက်တည် ကာ ဘုရား ဖူး ကြ ခြင်း၊ ဆွမ်း ဆန် ချက်ကျွေး လှူဒါန်း ခြင်း များ ပြုလုပ် ကြသည်။ ဓမ္မ စကြာ ဒေသနာ တော် ကို ရွတ်ဖတ် ပူဇော် ကြ၍ မေတ္တာ ပို့ သ ကြပါသည်။ လူငယ် လူရွယ် များ ကို လည်း ဘာသာ ရေး ဆိုင်ရာ သင်တန်း များ တက်ရောက် စေ ၍ ယဉ်ကျေး မှု အမွေ အနှစ် များ ကို ထိန်းသိမ်း ကြရမည် ဖြစ်ကြောင်း ဆွေးနွေး ကြပါသည်။ ကျေးရွာ အသီးသီး ရှိ ကျောင်း ဆရာ ဆရာမ များ ၏ ပံ့ပိုး ကူညီ မှု ဖြင့် ဤ အစီအစဉ် များ အောင်မြင် စွာ ပြီးမြောက် ခဲ့ပါသည်။

နိုင်ငံ အနှံ့ ရှိ ဘာသာ ရေး အသင်း အဖွဲ့ များ သည် ဗုဒ္ဓ ၏ အဆုံးအမ များ ကို လိုက်နာ ကျင့်သုံး ကြရန် စည်းရုံး လျက် ရှိပါသည်။ ဥပုသ် သီတင်း ဆောက်တည် ကာ ဘုရား ဖူး ကြ ခြင်း၊ ဆွမ်း ဆန် ချက်ကျွေး လှူဒါန်း ခြင်း များ ပြုလုပ် ကြသည်။ ဓမ္မ စကြာ ဒေသနာ တော် ကို ရွတ်ဖတ် ပူဇော် ကြ၍ မေတ္တာ ပို့ သ ကြပါသည်။ လူငယ် လူရွယ် များ ကို လည်း ဘာသာ ရေး ဆိုင်ရာ သင်တန်း များ တက်ရောက် စေ ၍ ယဉ်ကျေး မှု အမွေ အနှစ် များ ကို ထိန်းသိမ်း ကြရမည် ဖြစ်ကြောင်း ဆွေးနွေး ကြပါသည်။ ကျေးရွာ အသီးသီး ရှိ ကျောင်း ဆရာ ဆရာမ များ ၏ ပံ့ပိုး ကူညီ မှု ဖြင့် ဤ အစီအစဉ် များ အောင်မြင် စွာ ပြီးမြောက် ခဲ့ပါသည်။

နိုင်ငံ အနှံ့ ရှိ ဘာသာ ရေး အသင်း အဖွဲ့ များ သည် ဗုဒ္ဓ ၏ အဆုံးအမ များ ကို လိုက်နာ ကျင့်သုံး ကြရန် စည်းရုံး လျက် ရှိပါသည်။ ဥပုသ် သီတင်း ဆောက်တည် ကာ ဘုရား ဖူး ကြ ခြင်း၊ ဆွမ်း ဆန် ချက်ကျွေး လှူဒါန်း ခြင်း များ ပြုလုပ် ကြသည်။ ဓမ္မ စကြာ ဒေသနာ တော် ကို ရွတ်ဖတ် ပူဇော် ကြ၍ မေတ္တာ ပို့ သ ကြပါသည်။ လူငယ် လူရွယ် များ ကို လည်း ဘာသာ ရေး ဆိုင်ရာ သင်တန်း များ တက်ရောက် စေ ၍ ယဉ်ကျေး မှု အမွေ အနှစ် များ ကို ထိန်းသိမ်း ကြရမည် ဖြစ်ကြောင်း ဆွေးနွေး ကြပါသည်။ ကျေးရွာ အသီးသီး ရှိ ကျောင်း ဆရာ ဆရာမ များ ၏ ပံ့ပိုး ကူညီ မှု ဖြင့် ဤ အစီအစဉ် များ အောင်မြင် စွာ ပြီးမြောက် ခဲ့ပါသည်။

နိုင်ငံ အနှံ့ ရှိ ဘာသာ ရေး အသင်း အဖွဲ့ များ သည် ဗုဒ္ဓ ၏ အဆုံးအမ များ ကို လိုက်နာ ကျင့်သုံး ကြရန် စည်းရုံး လျက် ရှိပါသည်။ ဥပုသ် သီတင်း ဆောက်တည် ကာ ဘုရား ဖူး ကြ ခြင်း၊ ဆွမ်း ဆန် ချက်ကျွေး လှူဒါန်း ခြင်း များ ပြုလုပ် ကြသည်။ ဓမ္မ စကြာ ဒေသနာ တော် ကို ရွတ်ဖတ် ပူဇော် ကြ၍ မေတ္တာ ပို့ သ ကြပါသည်။ လူငယ် လူရွယ် များ ကို လည်း ဘာသာ ရေး ဆိုင်ရာ သင်တန်း များ တက်ရောက် စေ ၍ ယဉ်ကျေး မှု အမွေ အနှစ် များ ကို ထိန်းသိမ်း ကြရမည် ဖြစ်ကြောင်း ဆွေးနွေး ကြပါသည်။ ကျေးရွာ အသီးသီး ရှိ ကျောင်း ဆရာ ဆရာမ များ ၏ ပံ့ပိုး ကူညီ မှု ဖြင့် ဤ အစီအစဉ် များ အောင်မြင် စွာ ပြီးမြောက် ခဲ့ပါသည်။

နိုင်ငံ အနှံ့ ရှိ ဘာသာ ရေး အသင်း အဖွဲ့ များ သည် ဗုဒ္ဓ ၏ အဆုံးအမ များ ကို လိုက်နာ ကျင့်သုံး ကြရန် စည်းရုံး လျက် ရှိပါသည်။ ဥပုသ် သီတင်း ဆောက်တည် ကာ ဘုရား ဖူး ကြ ခြင်း၊ ဆွမ်း ဆန် ချက်ကျွေး လှူဒါန်း ခြင်း များ ပြုလုပ် ကြသည်။ ဓမ္မ စကြာ ဒေသနာ တော် ကို ရွတ်ဖတ် ပူဇော် ကြ၍ မေတ္တာ ပို့ သ ကြပါသည်။ လူငယ် လူရွယ် များ ကို လည်း ဘာသာ ရေး ဆိုင်ရာ သင်တန်း များ တက်ရောက် စေ ၍ ယဉ်ကျေး မှု အမွေ အနှစ် များ ကို ထိန်းသိမ်း ကြရမည် ဖြစ်ကြောင်း ဆွေးနွေး ကြပါသည်။ ကျေးရွာ အသီးသီး ရှိ ကျောင်း ဆရာ ဆရာမ များ ၏ ပံ့ပိုး ကူညီ မှု ဖြင့် ဤ အစီအစဉ် များ အောင်မြင် စွာ ပြီးမြောက် ခဲ့ပါသည်။

နိုင်ငံ အနှံ့ ရှိ ဘာသာ ရေး အသင်း အဖွဲ့ များ သည် ဗုဒ္ဓ ၏ အဆုံးအမ များ ကို လိုက်နာ ကျင့်သုံး ကြရန် စည်းရုံး လျက် ရှိပါသည်။ ဥပုသ် သီတင်း ဆောက်တည် ကာ ဘုရား ဖူး ကြ ခြင်း၊ ဆွမ်း ဆန် ချက်ကျွေး လှူဒါန်း ခြင်း များ ပြုလုပ် ကြသည်။ ဓမ္မ စကြာ ဒေသနာ တော် ကို ရွတ်ဖတ် ပူဇော် ကြ၍ မေတ္တာ ပို့ သ ကြပါသည်။ လူငယ် လူရွယ် များ ကို လည်း ဘာသာ ရေး ဆိုင်ရာ သင်တန်း များ တက်ရောက် စေ ၍ ယဉ်ကျေး မှု အမွေ အနှစ် များ ကို ထိန်းသိမ်း ကြရမည် ဖြစ်ကြောင်း ဆွေးနွေး ကြပါသည်။ ကျေးရွာ အသီးသီး ရှိ ကျောင်း ဆရာ ဆရာမ များ ၏ ပံ့ပိုး ကူညီ မှု ဖြင့် ဤ အစီအစဉ် များ အောင်မြင် စွာ ပြီးမြောက် ခဲ့ပါသည်။

နိုင်ငံ အနှံ့ ရှိ ဘာသာ ရေး အသင်း အဖွဲ့ များ သည် ဗုဒ္ဓ ၏ အဆုံးအမ များ ကို လိုက်နာ ကျင့်သုံး ကြရန် စည်းရုံး လျက် ရှိပါသည်။ ဥပုသ် သီတင်း ဆောက်တည် ကာ ဘုရား ဖူး ကြ ခြင်း၊ ဆွမ်း ဆန် ချက်ကျွေး လှူဒါန်း ခြင်း များ ပြုလုပ် ကြသည်။ ဓမ္မ စကြာ ဒေသနာ တော် ကို ရွတ်ဖတ် ပူဇော် ကြ၍ မေတ္တာ ပို့ သ ကြပါသည်။ လူငယ် လူရွယ် များ ကို လည်း ဘာသာ ရေး ဆိုင်ရာ သင်တန်း များ တက်ရောက် စေ ၍ ယဉ်ကျေး မှု အမွေ အနှစ် များ ကို ထိန်းသိမ်း ကြရမည် ဖြစ်ကြောင်း ဆွေးနွေး ကြပါသည်။ ကျေးရွာ အသီးသီး ရှိ ကျောင်း ဆရာ ဆရာမ များ ၏ ပံ့ပိုး ကူညီ မှု ဖြင့် ဤ အစီအစဉ် များ အောင်မြင် စွာ ပြီးမြောက် ခဲ့ပါသည်။

နိုင်ငံ အနှံ့ ရှိ ဘာသာ ရေး အသင်း အဖွဲ့ များ သည် ဗုဒ္ဓ ၏ အဆုံးအမ များ ကို လိုက်နာ ကျင့်သုံး ကြရန် စည်းရုံး လျက် ရှိပါသည်။ ဥပုသ် သီတင်း ဆောက်တည် ကာ ဘုရား ဖူး ကြ ခြင်း၊ ဆွမ်း ဆန် ချက်ကျွေး လှူဒါန်း ခြင်း များ ပြုလုပ် ကြသည်။ ဓမ္မ စကြာ ဒေသနာ တော် ကို ရွတ်ဖတ် ပူဇော် ကြ၍ မေတ္တာ ပို့ သ ကြပါသည်။ လူငယ် လူရွယ် များ ကို လည်း ဘာသာ ရေး ဆိုင်ရာ သင်တန်း များ တက်ရောက် စေ ၍ ယဉ်ကျေး မှု အမွေ အနှစ် များ ကို ထိန်းသိမ်း ကြရမည် ဖြစ်ကြောင်း ဆွေးနွေး ကြပါသည်။ ကျေးရွာ အသီးသီး ရှိ ကျောင်း ဆရာ ဆရာမ များ ၏ ပံ့ပိုး ကူညီ မှု ဖြင့် ဤ အစီအစဉ် များ အောင်မြင် စွာ ပြီးမြောက် ခဲ့ပါသည်။

နိုင်ငံ အနှံ့ ရှိ ဘာသာ ရေး အသင်း အဖွဲ့ များ သည် ဗုဒ္ဓ ၏ အဆုံးအမ များ ကို လိုက်နာ ကျင့်သုံး ကြရန် စည်းရုံး လျက် ရှိပါသည်။ ဥပုသ် သီတင်း ဆောက်တည် ကာ ဘုရား ဖူး ကြ ခြင်း၊ ဆွမ်း ဆန် ချက်ကျွေး လှူဒါန်း ခြင်း များ ပြုလုပ် ကြသည်။ ဓမ္မ စကြာ ဒေသနာ တော် ကို ရွတ်ဖတ် ပူဇော် ကြ၍ မေတ္တာ ပို့ သ ကြပါသည်။ လူငယ် လူရွယ် များ ကို လည်း ဘာသာ ရေး ဆိုင်ရာ သင်တန်း များ တက်ရောက် စေ ၍ ယဉ်ကျေး မှု အမွေ အနှစ် များ ကို ထိန်းသိမ်း ကြရမည် ဖြစ်ကြောင်း ဆွေးနွေး ကြပါသည်။ ကျေးရွာ အသီးသီး ရှိ ကျောင်း ဆရာ ဆရာမ များ ၏ ပံ့ပိုး ကူညီ မှု ဖြင့် ဤ အစီအစဉ် များ အောင်မြင် စွာ ပြီးမြောက် ခဲ့ပါသည်။

နိုင်ငံ အနှံ့ ရှိ ဘာသာ ရေး အသင်း အဖွဲ့ များ သည် ဗုဒ္ဓ ၏ အဆုံးအမ များ ကို လိုက်နာ ကျင့်သုံး ကြရန် စည်းရုံး လျက် ရှိပါသည်။ ဥပုသ် သီတင်း ဆောက်တည် ကာ ဘုရား ဖူး ကြ ခြင်း၊ ဆွမ်း ဆန် ချက်ကျွေး လှူဒါန်း ခြင်း များ ပြုလုပ် ကြသည်။ ဓမ္မ စကြာ ဒေသနာ တော် ကို ရွတ်ဖတ် ပူဇော် ကြ၍ မေတ္တာ ပို့ သ ကြပါသည်။ လူငယ် လူရွယ် များ ကို လည်း ဘာသာ ရေး ဆိုင်ရာ သင်တန်း များ တက်ရောက် စေ ၍ ယဉ်ကျေး မှု အမွေ အနှစ် များ ကို ထိန်းသိမ်း ကြရမည် ဖြစ်ကြောင်း ဆွေးနွေး ကြပါသည်။ ကျေးရွာ အသီးသီး ရှိ ကျောင်း ဆရာ ဆရာမ များ ၏ ပံ့ပိုး ကူညီ မှု ဖြင့် ဤ အစီအစဉ် များ အောင်မြင် စွာ ပြီးမြောက် ခဲ့ပါသည်။
